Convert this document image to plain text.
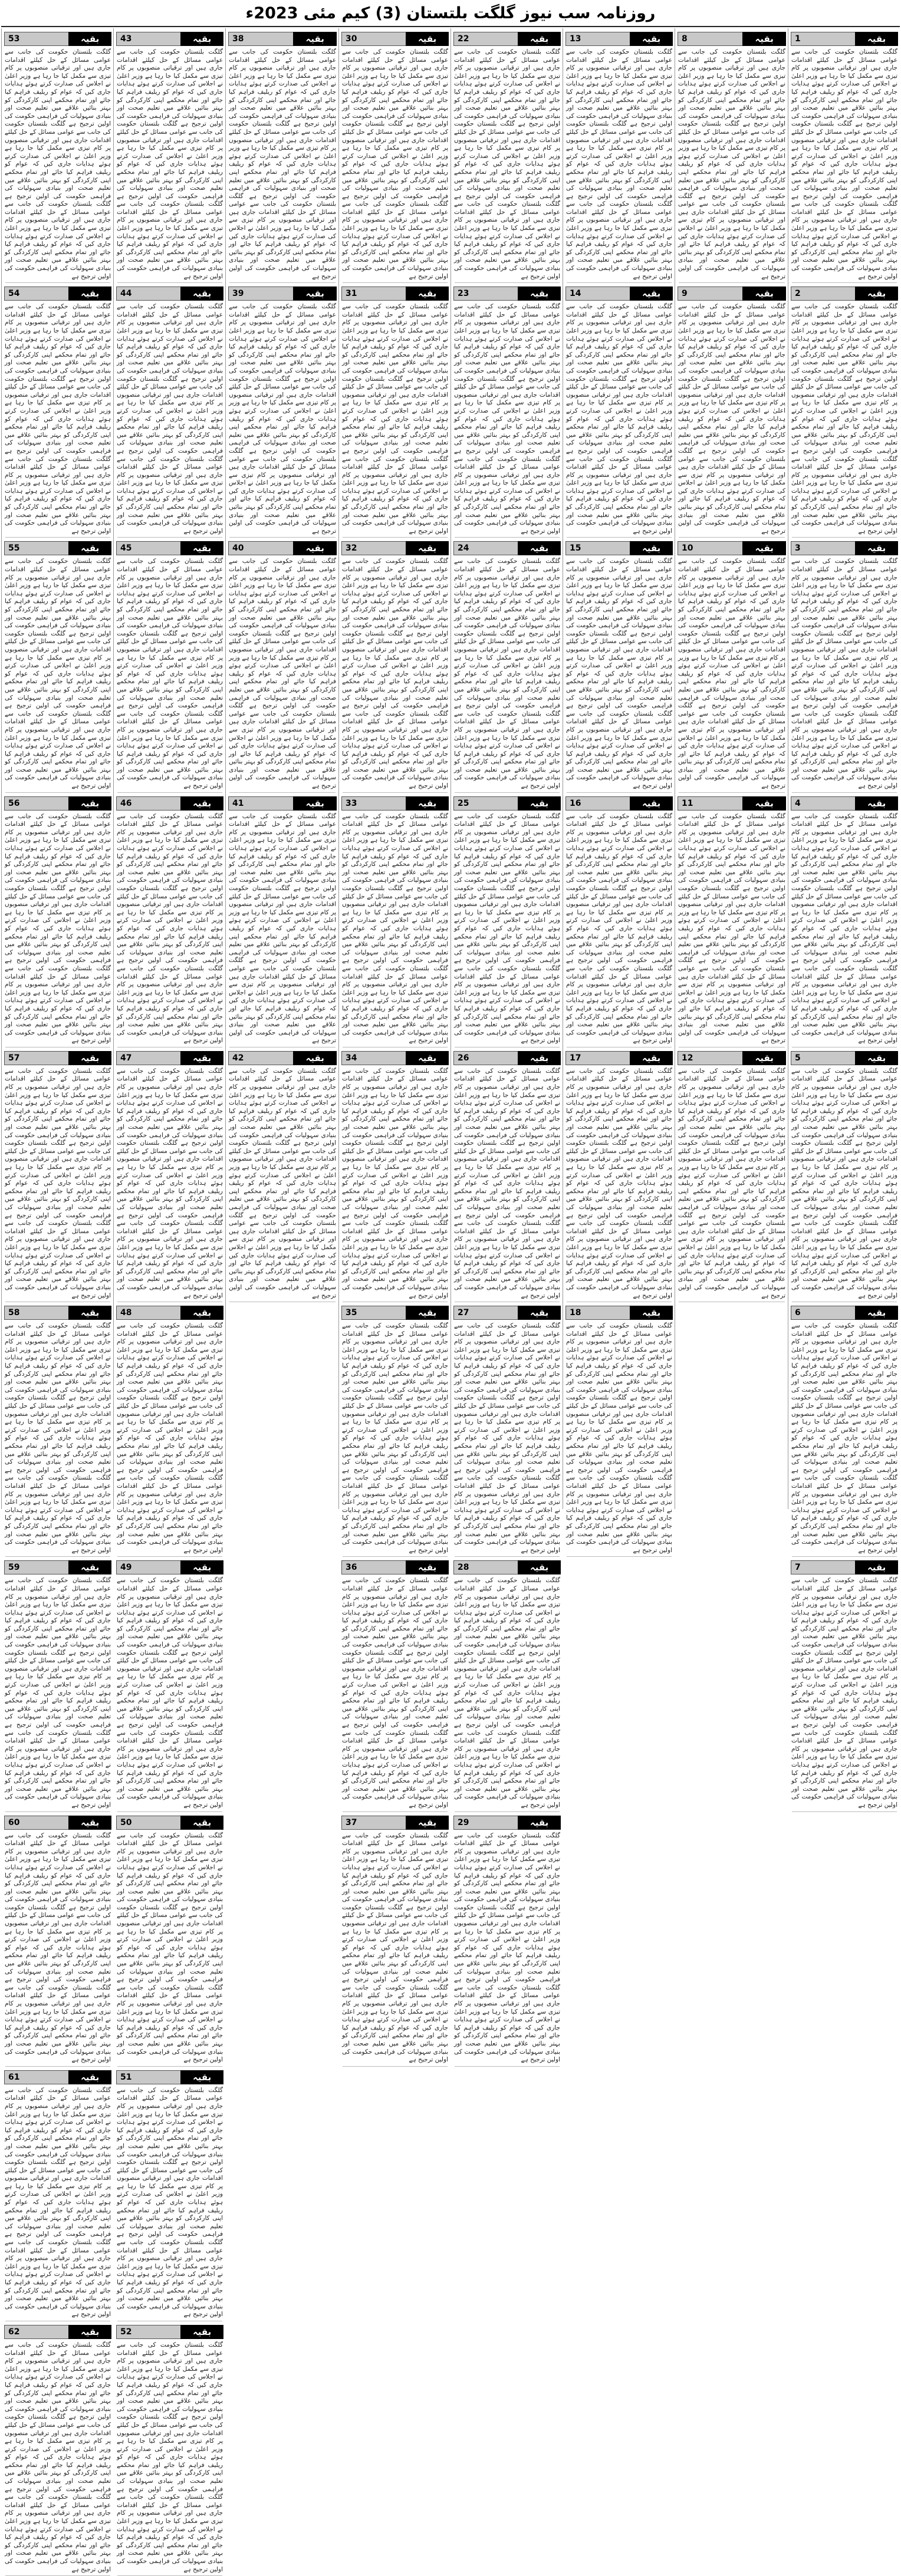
روزنامہ سب نیوز گلگت بلتستان (3) کیم مئی 2023ء
بقیہ
1

گلگت بلتستان حکومت کی جانب سے عوامی مسائل کے حل کیلئے اقدامات جاری ہیں اور ترقیاتی منصوبوں پر کام تیزی سے مکمل کیا جا رہا ہے وزیر اعلیٰ نے اجلاس کی صدارت کرتے ہوئے ہدایات جاری کیں کہ عوام کو ریلیف فراہم کیا جائے اور تمام محکمے اپنی کارکردگی کو بہتر بنائیں علاقے میں تعلیم صحت اور بنیادی سہولیات کی فراہمی حکومت کی اولین ترجیح ہے گلگت بلتستان حکومت کی جانب سے عوامی مسائل کے حل کیلئے اقدامات جاری ہیں اور ترقیاتی منصوبوں پر کام تیزی سے مکمل کیا جا رہا ہے وزیر اعلیٰ نے اجلاس کی صدارت کرتے ہوئے ہدایات جاری کیں کہ عوام کو ریلیف فراہم کیا جائے اور تمام محکمے اپنی کارکردگی کو بہتر بنائیں علاقے میں تعلیم صحت اور بنیادی سہولیات کی فراہمی حکومت کی اولین ترجیح ہے گلگت بلتستان حکومت کی جانب سے عوامی مسائل کے حل کیلئے اقدامات جاری ہیں اور ترقیاتی منصوبوں پر کام تیزی سے مکمل کیا جا رہا ہے وزیر اعلیٰ نے اجلاس کی صدارت کرتے ہوئے ہدایات جاری کیں کہ عوام کو ریلیف فراہم کیا جائے اور تمام محکمے اپنی کارکردگی کو بہتر بنائیں علاقے میں تعلیم صحت اور بنیادی سہولیات کی فراہمی حکومت کی اولین ترجیح ہے

بقیہ
2

گلگت بلتستان حکومت کی جانب سے عوامی مسائل کے حل کیلئے اقدامات جاری ہیں اور ترقیاتی منصوبوں پر کام تیزی سے مکمل کیا جا رہا ہے وزیر اعلیٰ نے اجلاس کی صدارت کرتے ہوئے ہدایات جاری کیں کہ عوام کو ریلیف فراہم کیا جائے اور تمام محکمے اپنی کارکردگی کو بہتر بنائیں علاقے میں تعلیم صحت اور بنیادی سہولیات کی فراہمی حکومت کی اولین ترجیح ہے گلگت بلتستان حکومت کی جانب سے عوامی مسائل کے حل کیلئے اقدامات جاری ہیں اور ترقیاتی منصوبوں پر کام تیزی سے مکمل کیا جا رہا ہے وزیر اعلیٰ نے اجلاس کی صدارت کرتے ہوئے ہدایات جاری کیں کہ عوام کو ریلیف فراہم کیا جائے اور تمام محکمے اپنی کارکردگی کو بہتر بنائیں علاقے میں تعلیم صحت اور بنیادی سہولیات کی فراہمی حکومت کی اولین ترجیح ہے گلگت بلتستان حکومت کی جانب سے عوامی مسائل کے حل کیلئے اقدامات جاری ہیں اور ترقیاتی منصوبوں پر کام تیزی سے مکمل کیا جا رہا ہے وزیر اعلیٰ نے اجلاس کی صدارت کرتے ہوئے ہدایات جاری کیں کہ عوام کو ریلیف فراہم کیا جائے اور تمام محکمے اپنی کارکردگی کو بہتر بنائیں علاقے میں تعلیم صحت اور بنیادی سہولیات کی فراہمی حکومت کی اولین ترجیح ہے

بقیہ
3

گلگت بلتستان حکومت کی جانب سے عوامی مسائل کے حل کیلئے اقدامات جاری ہیں اور ترقیاتی منصوبوں پر کام تیزی سے مکمل کیا جا رہا ہے وزیر اعلیٰ نے اجلاس کی صدارت کرتے ہوئے ہدایات جاری کیں کہ عوام کو ریلیف فراہم کیا جائے اور تمام محکمے اپنی کارکردگی کو بہتر بنائیں علاقے میں تعلیم صحت اور بنیادی سہولیات کی فراہمی حکومت کی اولین ترجیح ہے گلگت بلتستان حکومت کی جانب سے عوامی مسائل کے حل کیلئے اقدامات جاری ہیں اور ترقیاتی منصوبوں پر کام تیزی سے مکمل کیا جا رہا ہے وزیر اعلیٰ نے اجلاس کی صدارت کرتے ہوئے ہدایات جاری کیں کہ عوام کو ریلیف فراہم کیا جائے اور تمام محکمے اپنی کارکردگی کو بہتر بنائیں علاقے میں تعلیم صحت اور بنیادی سہولیات کی فراہمی حکومت کی اولین ترجیح ہے گلگت بلتستان حکومت کی جانب سے عوامی مسائل کے حل کیلئے اقدامات جاری ہیں اور ترقیاتی منصوبوں پر کام تیزی سے مکمل کیا جا رہا ہے وزیر اعلیٰ نے اجلاس کی صدارت کرتے ہوئے ہدایات جاری کیں کہ عوام کو ریلیف فراہم کیا جائے اور تمام محکمے اپنی کارکردگی کو بہتر بنائیں علاقے میں تعلیم صحت اور بنیادی سہولیات کی فراہمی حکومت کی اولین ترجیح ہے

بقیہ
4

گلگت بلتستان حکومت کی جانب سے عوامی مسائل کے حل کیلئے اقدامات جاری ہیں اور ترقیاتی منصوبوں پر کام تیزی سے مکمل کیا جا رہا ہے وزیر اعلیٰ نے اجلاس کی صدارت کرتے ہوئے ہدایات جاری کیں کہ عوام کو ریلیف فراہم کیا جائے اور تمام محکمے اپنی کارکردگی کو بہتر بنائیں علاقے میں تعلیم صحت اور بنیادی سہولیات کی فراہمی حکومت کی اولین ترجیح ہے گلگت بلتستان حکومت کی جانب سے عوامی مسائل کے حل کیلئے اقدامات جاری ہیں اور ترقیاتی منصوبوں پر کام تیزی سے مکمل کیا جا رہا ہے وزیر اعلیٰ نے اجلاس کی صدارت کرتے ہوئے ہدایات جاری کیں کہ عوام کو ریلیف فراہم کیا جائے اور تمام محکمے اپنی کارکردگی کو بہتر بنائیں علاقے میں تعلیم صحت اور بنیادی سہولیات کی فراہمی حکومت کی اولین ترجیح ہے گلگت بلتستان حکومت کی جانب سے عوامی مسائل کے حل کیلئے اقدامات جاری ہیں اور ترقیاتی منصوبوں پر کام تیزی سے مکمل کیا جا رہا ہے وزیر اعلیٰ نے اجلاس کی صدارت کرتے ہوئے ہدایات جاری کیں کہ عوام کو ریلیف فراہم کیا جائے اور تمام محکمے اپنی کارکردگی کو بہتر بنائیں علاقے میں تعلیم صحت اور بنیادی سہولیات کی فراہمی حکومت کی اولین ترجیح ہے

بقیہ
5

گلگت بلتستان حکومت کی جانب سے عوامی مسائل کے حل کیلئے اقدامات جاری ہیں اور ترقیاتی منصوبوں پر کام تیزی سے مکمل کیا جا رہا ہے وزیر اعلیٰ نے اجلاس کی صدارت کرتے ہوئے ہدایات جاری کیں کہ عوام کو ریلیف فراہم کیا جائے اور تمام محکمے اپنی کارکردگی کو بہتر بنائیں علاقے میں تعلیم صحت اور بنیادی سہولیات کی فراہمی حکومت کی اولین ترجیح ہے گلگت بلتستان حکومت کی جانب سے عوامی مسائل کے حل کیلئے اقدامات جاری ہیں اور ترقیاتی منصوبوں پر کام تیزی سے مکمل کیا جا رہا ہے وزیر اعلیٰ نے اجلاس کی صدارت کرتے ہوئے ہدایات جاری کیں کہ عوام کو ریلیف فراہم کیا جائے اور تمام محکمے اپنی کارکردگی کو بہتر بنائیں علاقے میں تعلیم صحت اور بنیادی سہولیات کی فراہمی حکومت کی اولین ترجیح ہے گلگت بلتستان حکومت کی جانب سے عوامی مسائل کے حل کیلئے اقدامات جاری ہیں اور ترقیاتی منصوبوں پر کام تیزی سے مکمل کیا جا رہا ہے وزیر اعلیٰ نے اجلاس کی صدارت کرتے ہوئے ہدایات جاری کیں کہ عوام کو ریلیف فراہم کیا جائے اور تمام محکمے اپنی کارکردگی کو بہتر بنائیں علاقے میں تعلیم صحت اور بنیادی سہولیات کی فراہمی حکومت کی اولین ترجیح ہے

بقیہ
6

گلگت بلتستان حکومت کی جانب سے عوامی مسائل کے حل کیلئے اقدامات جاری ہیں اور ترقیاتی منصوبوں پر کام تیزی سے مکمل کیا جا رہا ہے وزیر اعلیٰ نے اجلاس کی صدارت کرتے ہوئے ہدایات جاری کیں کہ عوام کو ریلیف فراہم کیا جائے اور تمام محکمے اپنی کارکردگی کو بہتر بنائیں علاقے میں تعلیم صحت اور بنیادی سہولیات کی فراہمی حکومت کی اولین ترجیح ہے گلگت بلتستان حکومت کی جانب سے عوامی مسائل کے حل کیلئے اقدامات جاری ہیں اور ترقیاتی منصوبوں پر کام تیزی سے مکمل کیا جا رہا ہے وزیر اعلیٰ نے اجلاس کی صدارت کرتے ہوئے ہدایات جاری کیں کہ عوام کو ریلیف فراہم کیا جائے اور تمام محکمے اپنی کارکردگی کو بہتر بنائیں علاقے میں تعلیم صحت اور بنیادی سہولیات کی فراہمی حکومت کی اولین ترجیح ہے گلگت بلتستان حکومت کی جانب سے عوامی مسائل کے حل کیلئے اقدامات جاری ہیں اور ترقیاتی منصوبوں پر کام تیزی سے مکمل کیا جا رہا ہے وزیر اعلیٰ نے اجلاس کی صدارت کرتے ہوئے ہدایات جاری کیں کہ عوام کو ریلیف فراہم کیا جائے اور تمام محکمے اپنی کارکردگی کو بہتر بنائیں علاقے میں تعلیم صحت اور بنیادی سہولیات کی فراہمی حکومت کی اولین ترجیح ہے

بقیہ
7

گلگت بلتستان حکومت کی جانب سے عوامی مسائل کے حل کیلئے اقدامات جاری ہیں اور ترقیاتی منصوبوں پر کام تیزی سے مکمل کیا جا رہا ہے وزیر اعلیٰ نے اجلاس کی صدارت کرتے ہوئے ہدایات جاری کیں کہ عوام کو ریلیف فراہم کیا جائے اور تمام محکمے اپنی کارکردگی کو بہتر بنائیں علاقے میں تعلیم صحت اور بنیادی سہولیات کی فراہمی حکومت کی اولین ترجیح ہے گلگت بلتستان حکومت کی جانب سے عوامی مسائل کے حل کیلئے اقدامات جاری ہیں اور ترقیاتی منصوبوں پر کام تیزی سے مکمل کیا جا رہا ہے وزیر اعلیٰ نے اجلاس کی صدارت کرتے ہوئے ہدایات جاری کیں کہ عوام کو ریلیف فراہم کیا جائے اور تمام محکمے اپنی کارکردگی کو بہتر بنائیں علاقے میں تعلیم صحت اور بنیادی سہولیات کی فراہمی حکومت کی اولین ترجیح ہے گلگت بلتستان حکومت کی جانب سے عوامی مسائل کے حل کیلئے اقدامات جاری ہیں اور ترقیاتی منصوبوں پر کام تیزی سے مکمل کیا جا رہا ہے وزیر اعلیٰ نے اجلاس کی صدارت کرتے ہوئے ہدایات جاری کیں کہ عوام کو ریلیف فراہم کیا جائے اور تمام محکمے اپنی کارکردگی کو بہتر بنائیں علاقے میں تعلیم صحت اور بنیادی سہولیات کی فراہمی حکومت کی اولین ترجیح ہے

بقیہ
8

گلگت بلتستان حکومت کی جانب سے عوامی مسائل کے حل کیلئے اقدامات جاری ہیں اور ترقیاتی منصوبوں پر کام تیزی سے مکمل کیا جا رہا ہے وزیر اعلیٰ نے اجلاس کی صدارت کرتے ہوئے ہدایات جاری کیں کہ عوام کو ریلیف فراہم کیا جائے اور تمام محکمے اپنی کارکردگی کو بہتر بنائیں علاقے میں تعلیم صحت اور بنیادی سہولیات کی فراہمی حکومت کی اولین ترجیح ہے گلگت بلتستان حکومت کی جانب سے عوامی مسائل کے حل کیلئے اقدامات جاری ہیں اور ترقیاتی منصوبوں پر کام تیزی سے مکمل کیا جا رہا ہے وزیر اعلیٰ نے اجلاس کی صدارت کرتے ہوئے ہدایات جاری کیں کہ عوام کو ریلیف فراہم کیا جائے اور تمام محکمے اپنی کارکردگی کو بہتر بنائیں علاقے میں تعلیم صحت اور بنیادی سہولیات کی فراہمی حکومت کی اولین ترجیح ہے گلگت بلتستان حکومت کی جانب سے عوامی مسائل کے حل کیلئے اقدامات جاری ہیں اور ترقیاتی منصوبوں پر کام تیزی سے مکمل کیا جا رہا ہے وزیر اعلیٰ نے اجلاس کی صدارت کرتے ہوئے ہدایات جاری کیں کہ عوام کو ریلیف فراہم کیا جائے اور تمام محکمے اپنی کارکردگی کو بہتر بنائیں علاقے میں تعلیم صحت اور بنیادی سہولیات کی فراہمی حکومت کی اولین ترجیح ہے

بقیہ
9

گلگت بلتستان حکومت کی جانب سے عوامی مسائل کے حل کیلئے اقدامات جاری ہیں اور ترقیاتی منصوبوں پر کام تیزی سے مکمل کیا جا رہا ہے وزیر اعلیٰ نے اجلاس کی صدارت کرتے ہوئے ہدایات جاری کیں کہ عوام کو ریلیف فراہم کیا جائے اور تمام محکمے اپنی کارکردگی کو بہتر بنائیں علاقے میں تعلیم صحت اور بنیادی سہولیات کی فراہمی حکومت کی اولین ترجیح ہے گلگت بلتستان حکومت کی جانب سے عوامی مسائل کے حل کیلئے اقدامات جاری ہیں اور ترقیاتی منصوبوں پر کام تیزی سے مکمل کیا جا رہا ہے وزیر اعلیٰ نے اجلاس کی صدارت کرتے ہوئے ہدایات جاری کیں کہ عوام کو ریلیف فراہم کیا جائے اور تمام محکمے اپنی کارکردگی کو بہتر بنائیں علاقے میں تعلیم صحت اور بنیادی سہولیات کی فراہمی حکومت کی اولین ترجیح ہے گلگت بلتستان حکومت کی جانب سے عوامی مسائل کے حل کیلئے اقدامات جاری ہیں اور ترقیاتی منصوبوں پر کام تیزی سے مکمل کیا جا رہا ہے وزیر اعلیٰ نے اجلاس کی صدارت کرتے ہوئے ہدایات جاری کیں کہ عوام کو ریلیف فراہم کیا جائے اور تمام محکمے اپنی کارکردگی کو بہتر بنائیں علاقے میں تعلیم صحت اور بنیادی سہولیات کی فراہمی حکومت کی اولین ترجیح ہے

بقیہ
10

گلگت بلتستان حکومت کی جانب سے عوامی مسائل کے حل کیلئے اقدامات جاری ہیں اور ترقیاتی منصوبوں پر کام تیزی سے مکمل کیا جا رہا ہے وزیر اعلیٰ نے اجلاس کی صدارت کرتے ہوئے ہدایات جاری کیں کہ عوام کو ریلیف فراہم کیا جائے اور تمام محکمے اپنی کارکردگی کو بہتر بنائیں علاقے میں تعلیم صحت اور بنیادی سہولیات کی فراہمی حکومت کی اولین ترجیح ہے گلگت بلتستان حکومت کی جانب سے عوامی مسائل کے حل کیلئے اقدامات جاری ہیں اور ترقیاتی منصوبوں پر کام تیزی سے مکمل کیا جا رہا ہے وزیر اعلیٰ نے اجلاس کی صدارت کرتے ہوئے ہدایات جاری کیں کہ عوام کو ریلیف فراہم کیا جائے اور تمام محکمے اپنی کارکردگی کو بہتر بنائیں علاقے میں تعلیم صحت اور بنیادی سہولیات کی فراہمی حکومت کی اولین ترجیح ہے گلگت بلتستان حکومت کی جانب سے عوامی مسائل کے حل کیلئے اقدامات جاری ہیں اور ترقیاتی منصوبوں پر کام تیزی سے مکمل کیا جا رہا ہے وزیر اعلیٰ نے اجلاس کی صدارت کرتے ہوئے ہدایات جاری کیں کہ عوام کو ریلیف فراہم کیا جائے اور تمام محکمے اپنی کارکردگی کو بہتر بنائیں علاقے میں تعلیم صحت اور بنیادی سہولیات کی فراہمی حکومت کی اولین ترجیح ہے

بقیہ
11

گلگت بلتستان حکومت کی جانب سے عوامی مسائل کے حل کیلئے اقدامات جاری ہیں اور ترقیاتی منصوبوں پر کام تیزی سے مکمل کیا جا رہا ہے وزیر اعلیٰ نے اجلاس کی صدارت کرتے ہوئے ہدایات جاری کیں کہ عوام کو ریلیف فراہم کیا جائے اور تمام محکمے اپنی کارکردگی کو بہتر بنائیں علاقے میں تعلیم صحت اور بنیادی سہولیات کی فراہمی حکومت کی اولین ترجیح ہے گلگت بلتستان حکومت کی جانب سے عوامی مسائل کے حل کیلئے اقدامات جاری ہیں اور ترقیاتی منصوبوں پر کام تیزی سے مکمل کیا جا رہا ہے وزیر اعلیٰ نے اجلاس کی صدارت کرتے ہوئے ہدایات جاری کیں کہ عوام کو ریلیف فراہم کیا جائے اور تمام محکمے اپنی کارکردگی کو بہتر بنائیں علاقے میں تعلیم صحت اور بنیادی سہولیات کی فراہمی حکومت کی اولین ترجیح ہے گلگت بلتستان حکومت کی جانب سے عوامی مسائل کے حل کیلئے اقدامات جاری ہیں اور ترقیاتی منصوبوں پر کام تیزی سے مکمل کیا جا رہا ہے وزیر اعلیٰ نے اجلاس کی صدارت کرتے ہوئے ہدایات جاری کیں کہ عوام کو ریلیف فراہم کیا جائے اور تمام محکمے اپنی کارکردگی کو بہتر بنائیں علاقے میں تعلیم صحت اور بنیادی سہولیات کی فراہمی حکومت کی اولین ترجیح ہے

بقیہ
12

گلگت بلتستان حکومت کی جانب سے عوامی مسائل کے حل کیلئے اقدامات جاری ہیں اور ترقیاتی منصوبوں پر کام تیزی سے مکمل کیا جا رہا ہے وزیر اعلیٰ نے اجلاس کی صدارت کرتے ہوئے ہدایات جاری کیں کہ عوام کو ریلیف فراہم کیا جائے اور تمام محکمے اپنی کارکردگی کو بہتر بنائیں علاقے میں تعلیم صحت اور بنیادی سہولیات کی فراہمی حکومت کی اولین ترجیح ہے گلگت بلتستان حکومت کی جانب سے عوامی مسائل کے حل کیلئے اقدامات جاری ہیں اور ترقیاتی منصوبوں پر کام تیزی سے مکمل کیا جا رہا ہے وزیر اعلیٰ نے اجلاس کی صدارت کرتے ہوئے ہدایات جاری کیں کہ عوام کو ریلیف فراہم کیا جائے اور تمام محکمے اپنی کارکردگی کو بہتر بنائیں علاقے میں تعلیم صحت اور بنیادی سہولیات کی فراہمی حکومت کی اولین ترجیح ہے گلگت بلتستان حکومت کی جانب سے عوامی مسائل کے حل کیلئے اقدامات جاری ہیں اور ترقیاتی منصوبوں پر کام تیزی سے مکمل کیا جا رہا ہے وزیر اعلیٰ نے اجلاس کی صدارت کرتے ہوئے ہدایات جاری کیں کہ عوام کو ریلیف فراہم کیا جائے اور تمام محکمے اپنی کارکردگی کو بہتر بنائیں علاقے میں تعلیم صحت اور بنیادی سہولیات کی فراہمی حکومت کی اولین ترجیح ہے

بقیہ
13

گلگت بلتستان حکومت کی جانب سے عوامی مسائل کے حل کیلئے اقدامات جاری ہیں اور ترقیاتی منصوبوں پر کام تیزی سے مکمل کیا جا رہا ہے وزیر اعلیٰ نے اجلاس کی صدارت کرتے ہوئے ہدایات جاری کیں کہ عوام کو ریلیف فراہم کیا جائے اور تمام محکمے اپنی کارکردگی کو بہتر بنائیں علاقے میں تعلیم صحت اور بنیادی سہولیات کی فراہمی حکومت کی اولین ترجیح ہے گلگت بلتستان حکومت کی جانب سے عوامی مسائل کے حل کیلئے اقدامات جاری ہیں اور ترقیاتی منصوبوں پر کام تیزی سے مکمل کیا جا رہا ہے وزیر اعلیٰ نے اجلاس کی صدارت کرتے ہوئے ہدایات جاری کیں کہ عوام کو ریلیف فراہم کیا جائے اور تمام محکمے اپنی کارکردگی کو بہتر بنائیں علاقے میں تعلیم صحت اور بنیادی سہولیات کی فراہمی حکومت کی اولین ترجیح ہے گلگت بلتستان حکومت کی جانب سے عوامی مسائل کے حل کیلئے اقدامات جاری ہیں اور ترقیاتی منصوبوں پر کام تیزی سے مکمل کیا جا رہا ہے وزیر اعلیٰ نے اجلاس کی صدارت کرتے ہوئے ہدایات جاری کیں کہ عوام کو ریلیف فراہم کیا جائے اور تمام محکمے اپنی کارکردگی کو بہتر بنائیں علاقے میں تعلیم صحت اور بنیادی سہولیات کی فراہمی حکومت کی اولین ترجیح ہے

بقیہ
14

گلگت بلتستان حکومت کی جانب سے عوامی مسائل کے حل کیلئے اقدامات جاری ہیں اور ترقیاتی منصوبوں پر کام تیزی سے مکمل کیا جا رہا ہے وزیر اعلیٰ نے اجلاس کی صدارت کرتے ہوئے ہدایات جاری کیں کہ عوام کو ریلیف فراہم کیا جائے اور تمام محکمے اپنی کارکردگی کو بہتر بنائیں علاقے میں تعلیم صحت اور بنیادی سہولیات کی فراہمی حکومت کی اولین ترجیح ہے گلگت بلتستان حکومت کی جانب سے عوامی مسائل کے حل کیلئے اقدامات جاری ہیں اور ترقیاتی منصوبوں پر کام تیزی سے مکمل کیا جا رہا ہے وزیر اعلیٰ نے اجلاس کی صدارت کرتے ہوئے ہدایات جاری کیں کہ عوام کو ریلیف فراہم کیا جائے اور تمام محکمے اپنی کارکردگی کو بہتر بنائیں علاقے میں تعلیم صحت اور بنیادی سہولیات کی فراہمی حکومت کی اولین ترجیح ہے گلگت بلتستان حکومت کی جانب سے عوامی مسائل کے حل کیلئے اقدامات جاری ہیں اور ترقیاتی منصوبوں پر کام تیزی سے مکمل کیا جا رہا ہے وزیر اعلیٰ نے اجلاس کی صدارت کرتے ہوئے ہدایات جاری کیں کہ عوام کو ریلیف فراہم کیا جائے اور تمام محکمے اپنی کارکردگی کو بہتر بنائیں علاقے میں تعلیم صحت اور بنیادی سہولیات کی فراہمی حکومت کی اولین ترجیح ہے

بقیہ
15

گلگت بلتستان حکومت کی جانب سے عوامی مسائل کے حل کیلئے اقدامات جاری ہیں اور ترقیاتی منصوبوں پر کام تیزی سے مکمل کیا جا رہا ہے وزیر اعلیٰ نے اجلاس کی صدارت کرتے ہوئے ہدایات جاری کیں کہ عوام کو ریلیف فراہم کیا جائے اور تمام محکمے اپنی کارکردگی کو بہتر بنائیں علاقے میں تعلیم صحت اور بنیادی سہولیات کی فراہمی حکومت کی اولین ترجیح ہے گلگت بلتستان حکومت کی جانب سے عوامی مسائل کے حل کیلئے اقدامات جاری ہیں اور ترقیاتی منصوبوں پر کام تیزی سے مکمل کیا جا رہا ہے وزیر اعلیٰ نے اجلاس کی صدارت کرتے ہوئے ہدایات جاری کیں کہ عوام کو ریلیف فراہم کیا جائے اور تمام محکمے اپنی کارکردگی کو بہتر بنائیں علاقے میں تعلیم صحت اور بنیادی سہولیات کی فراہمی حکومت کی اولین ترجیح ہے گلگت بلتستان حکومت کی جانب سے عوامی مسائل کے حل کیلئے اقدامات جاری ہیں اور ترقیاتی منصوبوں پر کام تیزی سے مکمل کیا جا رہا ہے وزیر اعلیٰ نے اجلاس کی صدارت کرتے ہوئے ہدایات جاری کیں کہ عوام کو ریلیف فراہم کیا جائے اور تمام محکمے اپنی کارکردگی کو بہتر بنائیں علاقے میں تعلیم صحت اور بنیادی سہولیات کی فراہمی حکومت کی اولین ترجیح ہے

بقیہ
16

گلگت بلتستان حکومت کی جانب سے عوامی مسائل کے حل کیلئے اقدامات جاری ہیں اور ترقیاتی منصوبوں پر کام تیزی سے مکمل کیا جا رہا ہے وزیر اعلیٰ نے اجلاس کی صدارت کرتے ہوئے ہدایات جاری کیں کہ عوام کو ریلیف فراہم کیا جائے اور تمام محکمے اپنی کارکردگی کو بہتر بنائیں علاقے میں تعلیم صحت اور بنیادی سہولیات کی فراہمی حکومت کی اولین ترجیح ہے گلگت بلتستان حکومت کی جانب سے عوامی مسائل کے حل کیلئے اقدامات جاری ہیں اور ترقیاتی منصوبوں پر کام تیزی سے مکمل کیا جا رہا ہے وزیر اعلیٰ نے اجلاس کی صدارت کرتے ہوئے ہدایات جاری کیں کہ عوام کو ریلیف فراہم کیا جائے اور تمام محکمے اپنی کارکردگی کو بہتر بنائیں علاقے میں تعلیم صحت اور بنیادی سہولیات کی فراہمی حکومت کی اولین ترجیح ہے گلگت بلتستان حکومت کی جانب سے عوامی مسائل کے حل کیلئے اقدامات جاری ہیں اور ترقیاتی منصوبوں پر کام تیزی سے مکمل کیا جا رہا ہے وزیر اعلیٰ نے اجلاس کی صدارت کرتے ہوئے ہدایات جاری کیں کہ عوام کو ریلیف فراہم کیا جائے اور تمام محکمے اپنی کارکردگی کو بہتر بنائیں علاقے میں تعلیم صحت اور بنیادی سہولیات کی فراہمی حکومت کی اولین ترجیح ہے

بقیہ
17

گلگت بلتستان حکومت کی جانب سے عوامی مسائل کے حل کیلئے اقدامات جاری ہیں اور ترقیاتی منصوبوں پر کام تیزی سے مکمل کیا جا رہا ہے وزیر اعلیٰ نے اجلاس کی صدارت کرتے ہوئے ہدایات جاری کیں کہ عوام کو ریلیف فراہم کیا جائے اور تمام محکمے اپنی کارکردگی کو بہتر بنائیں علاقے میں تعلیم صحت اور بنیادی سہولیات کی فراہمی حکومت کی اولین ترجیح ہے گلگت بلتستان حکومت کی جانب سے عوامی مسائل کے حل کیلئے اقدامات جاری ہیں اور ترقیاتی منصوبوں پر کام تیزی سے مکمل کیا جا رہا ہے وزیر اعلیٰ نے اجلاس کی صدارت کرتے ہوئے ہدایات جاری کیں کہ عوام کو ریلیف فراہم کیا جائے اور تمام محکمے اپنی کارکردگی کو بہتر بنائیں علاقے میں تعلیم صحت اور بنیادی سہولیات کی فراہمی حکومت کی اولین ترجیح ہے گلگت بلتستان حکومت کی جانب سے عوامی مسائل کے حل کیلئے اقدامات جاری ہیں اور ترقیاتی منصوبوں پر کام تیزی سے مکمل کیا جا رہا ہے وزیر اعلیٰ نے اجلاس کی صدارت کرتے ہوئے ہدایات جاری کیں کہ عوام کو ریلیف فراہم کیا جائے اور تمام محکمے اپنی کارکردگی کو بہتر بنائیں علاقے میں تعلیم صحت اور بنیادی سہولیات کی فراہمی حکومت کی اولین ترجیح ہے

بقیہ
18

گلگت بلتستان حکومت کی جانب سے عوامی مسائل کے حل کیلئے اقدامات جاری ہیں اور ترقیاتی منصوبوں پر کام تیزی سے مکمل کیا جا رہا ہے وزیر اعلیٰ نے اجلاس کی صدارت کرتے ہوئے ہدایات جاری کیں کہ عوام کو ریلیف فراہم کیا جائے اور تمام محکمے اپنی کارکردگی کو بہتر بنائیں علاقے میں تعلیم صحت اور بنیادی سہولیات کی فراہمی حکومت کی اولین ترجیح ہے گلگت بلتستان حکومت کی جانب سے عوامی مسائل کے حل کیلئے اقدامات جاری ہیں اور ترقیاتی منصوبوں پر کام تیزی سے مکمل کیا جا رہا ہے وزیر اعلیٰ نے اجلاس کی صدارت کرتے ہوئے ہدایات جاری کیں کہ عوام کو ریلیف فراہم کیا جائے اور تمام محکمے اپنی کارکردگی کو بہتر بنائیں علاقے میں تعلیم صحت اور بنیادی سہولیات کی فراہمی حکومت کی اولین ترجیح ہے گلگت بلتستان حکومت کی جانب سے عوامی مسائل کے حل کیلئے اقدامات جاری ہیں اور ترقیاتی منصوبوں پر کام تیزی سے مکمل کیا جا رہا ہے وزیر اعلیٰ نے اجلاس کی صدارت کرتے ہوئے ہدایات جاری کیں کہ عوام کو ریلیف فراہم کیا جائے اور تمام محکمے اپنی کارکردگی کو بہتر بنائیں علاقے میں تعلیم صحت اور بنیادی سہولیات کی فراہمی حکومت کی اولین ترجیح ہے

بقیہ
22

گلگت بلتستان حکومت کی جانب سے عوامی مسائل کے حل کیلئے اقدامات جاری ہیں اور ترقیاتی منصوبوں پر کام تیزی سے مکمل کیا جا رہا ہے وزیر اعلیٰ نے اجلاس کی صدارت کرتے ہوئے ہدایات جاری کیں کہ عوام کو ریلیف فراہم کیا جائے اور تمام محکمے اپنی کارکردگی کو بہتر بنائیں علاقے میں تعلیم صحت اور بنیادی سہولیات کی فراہمی حکومت کی اولین ترجیح ہے گلگت بلتستان حکومت کی جانب سے عوامی مسائل کے حل کیلئے اقدامات جاری ہیں اور ترقیاتی منصوبوں پر کام تیزی سے مکمل کیا جا رہا ہے وزیر اعلیٰ نے اجلاس کی صدارت کرتے ہوئے ہدایات جاری کیں کہ عوام کو ریلیف فراہم کیا جائے اور تمام محکمے اپنی کارکردگی کو بہتر بنائیں علاقے میں تعلیم صحت اور بنیادی سہولیات کی فراہمی حکومت کی اولین ترجیح ہے گلگت بلتستان حکومت کی جانب سے عوامی مسائل کے حل کیلئے اقدامات جاری ہیں اور ترقیاتی منصوبوں پر کام تیزی سے مکمل کیا جا رہا ہے وزیر اعلیٰ نے اجلاس کی صدارت کرتے ہوئے ہدایات جاری کیں کہ عوام کو ریلیف فراہم کیا جائے اور تمام محکمے اپنی کارکردگی کو بہتر بنائیں علاقے میں تعلیم صحت اور بنیادی سہولیات کی فراہمی حکومت کی اولین ترجیح ہے

بقیہ
23

گلگت بلتستان حکومت کی جانب سے عوامی مسائل کے حل کیلئے اقدامات جاری ہیں اور ترقیاتی منصوبوں پر کام تیزی سے مکمل کیا جا رہا ہے وزیر اعلیٰ نے اجلاس کی صدارت کرتے ہوئے ہدایات جاری کیں کہ عوام کو ریلیف فراہم کیا جائے اور تمام محکمے اپنی کارکردگی کو بہتر بنائیں علاقے میں تعلیم صحت اور بنیادی سہولیات کی فراہمی حکومت کی اولین ترجیح ہے گلگت بلتستان حکومت کی جانب سے عوامی مسائل کے حل کیلئے اقدامات جاری ہیں اور ترقیاتی منصوبوں پر کام تیزی سے مکمل کیا جا رہا ہے وزیر اعلیٰ نے اجلاس کی صدارت کرتے ہوئے ہدایات جاری کیں کہ عوام کو ریلیف فراہم کیا جائے اور تمام محکمے اپنی کارکردگی کو بہتر بنائیں علاقے میں تعلیم صحت اور بنیادی سہولیات کی فراہمی حکومت کی اولین ترجیح ہے گلگت بلتستان حکومت کی جانب سے عوامی مسائل کے حل کیلئے اقدامات جاری ہیں اور ترقیاتی منصوبوں پر کام تیزی سے مکمل کیا جا رہا ہے وزیر اعلیٰ نے اجلاس کی صدارت کرتے ہوئے ہدایات جاری کیں کہ عوام کو ریلیف فراہم کیا جائے اور تمام محکمے اپنی کارکردگی کو بہتر بنائیں علاقے میں تعلیم صحت اور بنیادی سہولیات کی فراہمی حکومت کی اولین ترجیح ہے

بقیہ
24

گلگت بلتستان حکومت کی جانب سے عوامی مسائل کے حل کیلئے اقدامات جاری ہیں اور ترقیاتی منصوبوں پر کام تیزی سے مکمل کیا جا رہا ہے وزیر اعلیٰ نے اجلاس کی صدارت کرتے ہوئے ہدایات جاری کیں کہ عوام کو ریلیف فراہم کیا جائے اور تمام محکمے اپنی کارکردگی کو بہتر بنائیں علاقے میں تعلیم صحت اور بنیادی سہولیات کی فراہمی حکومت کی اولین ترجیح ہے گلگت بلتستان حکومت کی جانب سے عوامی مسائل کے حل کیلئے اقدامات جاری ہیں اور ترقیاتی منصوبوں پر کام تیزی سے مکمل کیا جا رہا ہے وزیر اعلیٰ نے اجلاس کی صدارت کرتے ہوئے ہدایات جاری کیں کہ عوام کو ریلیف فراہم کیا جائے اور تمام محکمے اپنی کارکردگی کو بہتر بنائیں علاقے میں تعلیم صحت اور بنیادی سہولیات کی فراہمی حکومت کی اولین ترجیح ہے گلگت بلتستان حکومت کی جانب سے عوامی مسائل کے حل کیلئے اقدامات جاری ہیں اور ترقیاتی منصوبوں پر کام تیزی سے مکمل کیا جا رہا ہے وزیر اعلیٰ نے اجلاس کی صدارت کرتے ہوئے ہدایات جاری کیں کہ عوام کو ریلیف فراہم کیا جائے اور تمام محکمے اپنی کارکردگی کو بہتر بنائیں علاقے میں تعلیم صحت اور بنیادی سہولیات کی فراہمی حکومت کی اولین ترجیح ہے

بقیہ
25

گلگت بلتستان حکومت کی جانب سے عوامی مسائل کے حل کیلئے اقدامات جاری ہیں اور ترقیاتی منصوبوں پر کام تیزی سے مکمل کیا جا رہا ہے وزیر اعلیٰ نے اجلاس کی صدارت کرتے ہوئے ہدایات جاری کیں کہ عوام کو ریلیف فراہم کیا جائے اور تمام محکمے اپنی کارکردگی کو بہتر بنائیں علاقے میں تعلیم صحت اور بنیادی سہولیات کی فراہمی حکومت کی اولین ترجیح ہے گلگت بلتستان حکومت کی جانب سے عوامی مسائل کے حل کیلئے اقدامات جاری ہیں اور ترقیاتی منصوبوں پر کام تیزی سے مکمل کیا جا رہا ہے وزیر اعلیٰ نے اجلاس کی صدارت کرتے ہوئے ہدایات جاری کیں کہ عوام کو ریلیف فراہم کیا جائے اور تمام محکمے اپنی کارکردگی کو بہتر بنائیں علاقے میں تعلیم صحت اور بنیادی سہولیات کی فراہمی حکومت کی اولین ترجیح ہے گلگت بلتستان حکومت کی جانب سے عوامی مسائل کے حل کیلئے اقدامات جاری ہیں اور ترقیاتی منصوبوں پر کام تیزی سے مکمل کیا جا رہا ہے وزیر اعلیٰ نے اجلاس کی صدارت کرتے ہوئے ہدایات جاری کیں کہ عوام کو ریلیف فراہم کیا جائے اور تمام محکمے اپنی کارکردگی کو بہتر بنائیں علاقے میں تعلیم صحت اور بنیادی سہولیات کی فراہمی حکومت کی اولین ترجیح ہے

بقیہ
26

گلگت بلتستان حکومت کی جانب سے عوامی مسائل کے حل کیلئے اقدامات جاری ہیں اور ترقیاتی منصوبوں پر کام تیزی سے مکمل کیا جا رہا ہے وزیر اعلیٰ نے اجلاس کی صدارت کرتے ہوئے ہدایات جاری کیں کہ عوام کو ریلیف فراہم کیا جائے اور تمام محکمے اپنی کارکردگی کو بہتر بنائیں علاقے میں تعلیم صحت اور بنیادی سہولیات کی فراہمی حکومت کی اولین ترجیح ہے گلگت بلتستان حکومت کی جانب سے عوامی مسائل کے حل کیلئے اقدامات جاری ہیں اور ترقیاتی منصوبوں پر کام تیزی سے مکمل کیا جا رہا ہے وزیر اعلیٰ نے اجلاس کی صدارت کرتے ہوئے ہدایات جاری کیں کہ عوام کو ریلیف فراہم کیا جائے اور تمام محکمے اپنی کارکردگی کو بہتر بنائیں علاقے میں تعلیم صحت اور بنیادی سہولیات کی فراہمی حکومت کی اولین ترجیح ہے گلگت بلتستان حکومت کی جانب سے عوامی مسائل کے حل کیلئے اقدامات جاری ہیں اور ترقیاتی منصوبوں پر کام تیزی سے مکمل کیا جا رہا ہے وزیر اعلیٰ نے اجلاس کی صدارت کرتے ہوئے ہدایات جاری کیں کہ عوام کو ریلیف فراہم کیا جائے اور تمام محکمے اپنی کارکردگی کو بہتر بنائیں علاقے میں تعلیم صحت اور بنیادی سہولیات کی فراہمی حکومت کی اولین ترجیح ہے

بقیہ
27

گلگت بلتستان حکومت کی جانب سے عوامی مسائل کے حل کیلئے اقدامات جاری ہیں اور ترقیاتی منصوبوں پر کام تیزی سے مکمل کیا جا رہا ہے وزیر اعلیٰ نے اجلاس کی صدارت کرتے ہوئے ہدایات جاری کیں کہ عوام کو ریلیف فراہم کیا جائے اور تمام محکمے اپنی کارکردگی کو بہتر بنائیں علاقے میں تعلیم صحت اور بنیادی سہولیات کی فراہمی حکومت کی اولین ترجیح ہے گلگت بلتستان حکومت کی جانب سے عوامی مسائل کے حل کیلئے اقدامات جاری ہیں اور ترقیاتی منصوبوں پر کام تیزی سے مکمل کیا جا رہا ہے وزیر اعلیٰ نے اجلاس کی صدارت کرتے ہوئے ہدایات جاری کیں کہ عوام کو ریلیف فراہم کیا جائے اور تمام محکمے اپنی کارکردگی کو بہتر بنائیں علاقے میں تعلیم صحت اور بنیادی سہولیات کی فراہمی حکومت کی اولین ترجیح ہے گلگت بلتستان حکومت کی جانب سے عوامی مسائل کے حل کیلئے اقدامات جاری ہیں اور ترقیاتی منصوبوں پر کام تیزی سے مکمل کیا جا رہا ہے وزیر اعلیٰ نے اجلاس کی صدارت کرتے ہوئے ہدایات جاری کیں کہ عوام کو ریلیف فراہم کیا جائے اور تمام محکمے اپنی کارکردگی کو بہتر بنائیں علاقے میں تعلیم صحت اور بنیادی سہولیات کی فراہمی حکومت کی اولین ترجیح ہے

بقیہ
28

گلگت بلتستان حکومت کی جانب سے عوامی مسائل کے حل کیلئے اقدامات جاری ہیں اور ترقیاتی منصوبوں پر کام تیزی سے مکمل کیا جا رہا ہے وزیر اعلیٰ نے اجلاس کی صدارت کرتے ہوئے ہدایات جاری کیں کہ عوام کو ریلیف فراہم کیا جائے اور تمام محکمے اپنی کارکردگی کو بہتر بنائیں علاقے میں تعلیم صحت اور بنیادی سہولیات کی فراہمی حکومت کی اولین ترجیح ہے گلگت بلتستان حکومت کی جانب سے عوامی مسائل کے حل کیلئے اقدامات جاری ہیں اور ترقیاتی منصوبوں پر کام تیزی سے مکمل کیا جا رہا ہے وزیر اعلیٰ نے اجلاس کی صدارت کرتے ہوئے ہدایات جاری کیں کہ عوام کو ریلیف فراہم کیا جائے اور تمام محکمے اپنی کارکردگی کو بہتر بنائیں علاقے میں تعلیم صحت اور بنیادی سہولیات کی فراہمی حکومت کی اولین ترجیح ہے گلگت بلتستان حکومت کی جانب سے عوامی مسائل کے حل کیلئے اقدامات جاری ہیں اور ترقیاتی منصوبوں پر کام تیزی سے مکمل کیا جا رہا ہے وزیر اعلیٰ نے اجلاس کی صدارت کرتے ہوئے ہدایات جاری کیں کہ عوام کو ریلیف فراہم کیا جائے اور تمام محکمے اپنی کارکردگی کو بہتر بنائیں علاقے میں تعلیم صحت اور بنیادی سہولیات کی فراہمی حکومت کی اولین ترجیح ہے

بقیہ
29

گلگت بلتستان حکومت کی جانب سے عوامی مسائل کے حل کیلئے اقدامات جاری ہیں اور ترقیاتی منصوبوں پر کام تیزی سے مکمل کیا جا رہا ہے وزیر اعلیٰ نے اجلاس کی صدارت کرتے ہوئے ہدایات جاری کیں کہ عوام کو ریلیف فراہم کیا جائے اور تمام محکمے اپنی کارکردگی کو بہتر بنائیں علاقے میں تعلیم صحت اور بنیادی سہولیات کی فراہمی حکومت کی اولین ترجیح ہے گلگت بلتستان حکومت کی جانب سے عوامی مسائل کے حل کیلئے اقدامات جاری ہیں اور ترقیاتی منصوبوں پر کام تیزی سے مکمل کیا جا رہا ہے وزیر اعلیٰ نے اجلاس کی صدارت کرتے ہوئے ہدایات جاری کیں کہ عوام کو ریلیف فراہم کیا جائے اور تمام محکمے اپنی کارکردگی کو بہتر بنائیں علاقے میں تعلیم صحت اور بنیادی سہولیات کی فراہمی حکومت کی اولین ترجیح ہے گلگت بلتستان حکومت کی جانب سے عوامی مسائل کے حل کیلئے اقدامات جاری ہیں اور ترقیاتی منصوبوں پر کام تیزی سے مکمل کیا جا رہا ہے وزیر اعلیٰ نے اجلاس کی صدارت کرتے ہوئے ہدایات جاری کیں کہ عوام کو ریلیف فراہم کیا جائے اور تمام محکمے اپنی کارکردگی کو بہتر بنائیں علاقے میں تعلیم صحت اور بنیادی سہولیات کی فراہمی حکومت کی اولین ترجیح ہے

بقیہ
30

گلگت بلتستان حکومت کی جانب سے عوامی مسائل کے حل کیلئے اقدامات جاری ہیں اور ترقیاتی منصوبوں پر کام تیزی سے مکمل کیا جا رہا ہے وزیر اعلیٰ نے اجلاس کی صدارت کرتے ہوئے ہدایات جاری کیں کہ عوام کو ریلیف فراہم کیا جائے اور تمام محکمے اپنی کارکردگی کو بہتر بنائیں علاقے میں تعلیم صحت اور بنیادی سہولیات کی فراہمی حکومت کی اولین ترجیح ہے گلگت بلتستان حکومت کی جانب سے عوامی مسائل کے حل کیلئے اقدامات جاری ہیں اور ترقیاتی منصوبوں پر کام تیزی سے مکمل کیا جا رہا ہے وزیر اعلیٰ نے اجلاس کی صدارت کرتے ہوئے ہدایات جاری کیں کہ عوام کو ریلیف فراہم کیا جائے اور تمام محکمے اپنی کارکردگی کو بہتر بنائیں علاقے میں تعلیم صحت اور بنیادی سہولیات کی فراہمی حکومت کی اولین ترجیح ہے گلگت بلتستان حکومت کی جانب سے عوامی مسائل کے حل کیلئے اقدامات جاری ہیں اور ترقیاتی منصوبوں پر کام تیزی سے مکمل کیا جا رہا ہے وزیر اعلیٰ نے اجلاس کی صدارت کرتے ہوئے ہدایات جاری کیں کہ عوام کو ریلیف فراہم کیا جائے اور تمام محکمے اپنی کارکردگی کو بہتر بنائیں علاقے میں تعلیم صحت اور بنیادی سہولیات کی فراہمی حکومت کی اولین ترجیح ہے

بقیہ
31

گلگت بلتستان حکومت کی جانب سے عوامی مسائل کے حل کیلئے اقدامات جاری ہیں اور ترقیاتی منصوبوں پر کام تیزی سے مکمل کیا جا رہا ہے وزیر اعلیٰ نے اجلاس کی صدارت کرتے ہوئے ہدایات جاری کیں کہ عوام کو ریلیف فراہم کیا جائے اور تمام محکمے اپنی کارکردگی کو بہتر بنائیں علاقے میں تعلیم صحت اور بنیادی سہولیات کی فراہمی حکومت کی اولین ترجیح ہے گلگت بلتستان حکومت کی جانب سے عوامی مسائل کے حل کیلئے اقدامات جاری ہیں اور ترقیاتی منصوبوں پر کام تیزی سے مکمل کیا جا رہا ہے وزیر اعلیٰ نے اجلاس کی صدارت کرتے ہوئے ہدایات جاری کیں کہ عوام کو ریلیف فراہم کیا جائے اور تمام محکمے اپنی کارکردگی کو بہتر بنائیں علاقے میں تعلیم صحت اور بنیادی سہولیات کی فراہمی حکومت کی اولین ترجیح ہے گلگت بلتستان حکومت کی جانب سے عوامی مسائل کے حل کیلئے اقدامات جاری ہیں اور ترقیاتی منصوبوں پر کام تیزی سے مکمل کیا جا رہا ہے وزیر اعلیٰ نے اجلاس کی صدارت کرتے ہوئے ہدایات جاری کیں کہ عوام کو ریلیف فراہم کیا جائے اور تمام محکمے اپنی کارکردگی کو بہتر بنائیں علاقے میں تعلیم صحت اور بنیادی سہولیات کی فراہمی حکومت کی اولین ترجیح ہے

بقیہ
32

گلگت بلتستان حکومت کی جانب سے عوامی مسائل کے حل کیلئے اقدامات جاری ہیں اور ترقیاتی منصوبوں پر کام تیزی سے مکمل کیا جا رہا ہے وزیر اعلیٰ نے اجلاس کی صدارت کرتے ہوئے ہدایات جاری کیں کہ عوام کو ریلیف فراہم کیا جائے اور تمام محکمے اپنی کارکردگی کو بہتر بنائیں علاقے میں تعلیم صحت اور بنیادی سہولیات کی فراہمی حکومت کی اولین ترجیح ہے گلگت بلتستان حکومت کی جانب سے عوامی مسائل کے حل کیلئے اقدامات جاری ہیں اور ترقیاتی منصوبوں پر کام تیزی سے مکمل کیا جا رہا ہے وزیر اعلیٰ نے اجلاس کی صدارت کرتے ہوئے ہدایات جاری کیں کہ عوام کو ریلیف فراہم کیا جائے اور تمام محکمے اپنی کارکردگی کو بہتر بنائیں علاقے میں تعلیم صحت اور بنیادی سہولیات کی فراہمی حکومت کی اولین ترجیح ہے گلگت بلتستان حکومت کی جانب سے عوامی مسائل کے حل کیلئے اقدامات جاری ہیں اور ترقیاتی منصوبوں پر کام تیزی سے مکمل کیا جا رہا ہے وزیر اعلیٰ نے اجلاس کی صدارت کرتے ہوئے ہدایات جاری کیں کہ عوام کو ریلیف فراہم کیا جائے اور تمام محکمے اپنی کارکردگی کو بہتر بنائیں علاقے میں تعلیم صحت اور بنیادی سہولیات کی فراہمی حکومت کی اولین ترجیح ہے

بقیہ
33

گلگت بلتستان حکومت کی جانب سے عوامی مسائل کے حل کیلئے اقدامات جاری ہیں اور ترقیاتی منصوبوں پر کام تیزی سے مکمل کیا جا رہا ہے وزیر اعلیٰ نے اجلاس کی صدارت کرتے ہوئے ہدایات جاری کیں کہ عوام کو ریلیف فراہم کیا جائے اور تمام محکمے اپنی کارکردگی کو بہتر بنائیں علاقے میں تعلیم صحت اور بنیادی سہولیات کی فراہمی حکومت کی اولین ترجیح ہے گلگت بلتستان حکومت کی جانب سے عوامی مسائل کے حل کیلئے اقدامات جاری ہیں اور ترقیاتی منصوبوں پر کام تیزی سے مکمل کیا جا رہا ہے وزیر اعلیٰ نے اجلاس کی صدارت کرتے ہوئے ہدایات جاری کیں کہ عوام کو ریلیف فراہم کیا جائے اور تمام محکمے اپنی کارکردگی کو بہتر بنائیں علاقے میں تعلیم صحت اور بنیادی سہولیات کی فراہمی حکومت کی اولین ترجیح ہے گلگت بلتستان حکومت کی جانب سے عوامی مسائل کے حل کیلئے اقدامات جاری ہیں اور ترقیاتی منصوبوں پر کام تیزی سے مکمل کیا جا رہا ہے وزیر اعلیٰ نے اجلاس کی صدارت کرتے ہوئے ہدایات جاری کیں کہ عوام کو ریلیف فراہم کیا جائے اور تمام محکمے اپنی کارکردگی کو بہتر بنائیں علاقے میں تعلیم صحت اور بنیادی سہولیات کی فراہمی حکومت کی اولین ترجیح ہے

بقیہ
34

گلگت بلتستان حکومت کی جانب سے عوامی مسائل کے حل کیلئے اقدامات جاری ہیں اور ترقیاتی منصوبوں پر کام تیزی سے مکمل کیا جا رہا ہے وزیر اعلیٰ نے اجلاس کی صدارت کرتے ہوئے ہدایات جاری کیں کہ عوام کو ریلیف فراہم کیا جائے اور تمام محکمے اپنی کارکردگی کو بہتر بنائیں علاقے میں تعلیم صحت اور بنیادی سہولیات کی فراہمی حکومت کی اولین ترجیح ہے گلگت بلتستان حکومت کی جانب سے عوامی مسائل کے حل کیلئے اقدامات جاری ہیں اور ترقیاتی منصوبوں پر کام تیزی سے مکمل کیا جا رہا ہے وزیر اعلیٰ نے اجلاس کی صدارت کرتے ہوئے ہدایات جاری کیں کہ عوام کو ریلیف فراہم کیا جائے اور تمام محکمے اپنی کارکردگی کو بہتر بنائیں علاقے میں تعلیم صحت اور بنیادی سہولیات کی فراہمی حکومت کی اولین ترجیح ہے گلگت بلتستان حکومت کی جانب سے عوامی مسائل کے حل کیلئے اقدامات جاری ہیں اور ترقیاتی منصوبوں پر کام تیزی سے مکمل کیا جا رہا ہے وزیر اعلیٰ نے اجلاس کی صدارت کرتے ہوئے ہدایات جاری کیں کہ عوام کو ریلیف فراہم کیا جائے اور تمام محکمے اپنی کارکردگی کو بہتر بنائیں علاقے میں تعلیم صحت اور بنیادی سہولیات کی فراہمی حکومت کی اولین ترجیح ہے

بقیہ
35

گلگت بلتستان حکومت کی جانب سے عوامی مسائل کے حل کیلئے اقدامات جاری ہیں اور ترقیاتی منصوبوں پر کام تیزی سے مکمل کیا جا رہا ہے وزیر اعلیٰ نے اجلاس کی صدارت کرتے ہوئے ہدایات جاری کیں کہ عوام کو ریلیف فراہم کیا جائے اور تمام محکمے اپنی کارکردگی کو بہتر بنائیں علاقے میں تعلیم صحت اور بنیادی سہولیات کی فراہمی حکومت کی اولین ترجیح ہے گلگت بلتستان حکومت کی جانب سے عوامی مسائل کے حل کیلئے اقدامات جاری ہیں اور ترقیاتی منصوبوں پر کام تیزی سے مکمل کیا جا رہا ہے وزیر اعلیٰ نے اجلاس کی صدارت کرتے ہوئے ہدایات جاری کیں کہ عوام کو ریلیف فراہم کیا جائے اور تمام محکمے اپنی کارکردگی کو بہتر بنائیں علاقے میں تعلیم صحت اور بنیادی سہولیات کی فراہمی حکومت کی اولین ترجیح ہے گلگت بلتستان حکومت کی جانب سے عوامی مسائل کے حل کیلئے اقدامات جاری ہیں اور ترقیاتی منصوبوں پر کام تیزی سے مکمل کیا جا رہا ہے وزیر اعلیٰ نے اجلاس کی صدارت کرتے ہوئے ہدایات جاری کیں کہ عوام کو ریلیف فراہم کیا جائے اور تمام محکمے اپنی کارکردگی کو بہتر بنائیں علاقے میں تعلیم صحت اور بنیادی سہولیات کی فراہمی حکومت کی اولین ترجیح ہے

بقیہ
36

گلگت بلتستان حکومت کی جانب سے عوامی مسائل کے حل کیلئے اقدامات جاری ہیں اور ترقیاتی منصوبوں پر کام تیزی سے مکمل کیا جا رہا ہے وزیر اعلیٰ نے اجلاس کی صدارت کرتے ہوئے ہدایات جاری کیں کہ عوام کو ریلیف فراہم کیا جائے اور تمام محکمے اپنی کارکردگی کو بہتر بنائیں علاقے میں تعلیم صحت اور بنیادی سہولیات کی فراہمی حکومت کی اولین ترجیح ہے گلگت بلتستان حکومت کی جانب سے عوامی مسائل کے حل کیلئے اقدامات جاری ہیں اور ترقیاتی منصوبوں پر کام تیزی سے مکمل کیا جا رہا ہے وزیر اعلیٰ نے اجلاس کی صدارت کرتے ہوئے ہدایات جاری کیں کہ عوام کو ریلیف فراہم کیا جائے اور تمام محکمے اپنی کارکردگی کو بہتر بنائیں علاقے میں تعلیم صحت اور بنیادی سہولیات کی فراہمی حکومت کی اولین ترجیح ہے گلگت بلتستان حکومت کی جانب سے عوامی مسائل کے حل کیلئے اقدامات جاری ہیں اور ترقیاتی منصوبوں پر کام تیزی سے مکمل کیا جا رہا ہے وزیر اعلیٰ نے اجلاس کی صدارت کرتے ہوئے ہدایات جاری کیں کہ عوام کو ریلیف فراہم کیا جائے اور تمام محکمے اپنی کارکردگی کو بہتر بنائیں علاقے میں تعلیم صحت اور بنیادی سہولیات کی فراہمی حکومت کی اولین ترجیح ہے

بقیہ
37

گلگت بلتستان حکومت کی جانب سے عوامی مسائل کے حل کیلئے اقدامات جاری ہیں اور ترقیاتی منصوبوں پر کام تیزی سے مکمل کیا جا رہا ہے وزیر اعلیٰ نے اجلاس کی صدارت کرتے ہوئے ہدایات جاری کیں کہ عوام کو ریلیف فراہم کیا جائے اور تمام محکمے اپنی کارکردگی کو بہتر بنائیں علاقے میں تعلیم صحت اور بنیادی سہولیات کی فراہمی حکومت کی اولین ترجیح ہے گلگت بلتستان حکومت کی جانب سے عوامی مسائل کے حل کیلئے اقدامات جاری ہیں اور ترقیاتی منصوبوں پر کام تیزی سے مکمل کیا جا رہا ہے وزیر اعلیٰ نے اجلاس کی صدارت کرتے ہوئے ہدایات جاری کیں کہ عوام کو ریلیف فراہم کیا جائے اور تمام محکمے اپنی کارکردگی کو بہتر بنائیں علاقے میں تعلیم صحت اور بنیادی سہولیات کی فراہمی حکومت کی اولین ترجیح ہے گلگت بلتستان حکومت کی جانب سے عوامی مسائل کے حل کیلئے اقدامات جاری ہیں اور ترقیاتی منصوبوں پر کام تیزی سے مکمل کیا جا رہا ہے وزیر اعلیٰ نے اجلاس کی صدارت کرتے ہوئے ہدایات جاری کیں کہ عوام کو ریلیف فراہم کیا جائے اور تمام محکمے اپنی کارکردگی کو بہتر بنائیں علاقے میں تعلیم صحت اور بنیادی سہولیات کی فراہمی حکومت کی اولین ترجیح ہے

بقیہ
38

گلگت بلتستان حکومت کی جانب سے عوامی مسائل کے حل کیلئے اقدامات جاری ہیں اور ترقیاتی منصوبوں پر کام تیزی سے مکمل کیا جا رہا ہے وزیر اعلیٰ نے اجلاس کی صدارت کرتے ہوئے ہدایات جاری کیں کہ عوام کو ریلیف فراہم کیا جائے اور تمام محکمے اپنی کارکردگی کو بہتر بنائیں علاقے میں تعلیم صحت اور بنیادی سہولیات کی فراہمی حکومت کی اولین ترجیح ہے گلگت بلتستان حکومت کی جانب سے عوامی مسائل کے حل کیلئے اقدامات جاری ہیں اور ترقیاتی منصوبوں پر کام تیزی سے مکمل کیا جا رہا ہے وزیر اعلیٰ نے اجلاس کی صدارت کرتے ہوئے ہدایات جاری کیں کہ عوام کو ریلیف فراہم کیا جائے اور تمام محکمے اپنی کارکردگی کو بہتر بنائیں علاقے میں تعلیم صحت اور بنیادی سہولیات کی فراہمی حکومت کی اولین ترجیح ہے گلگت بلتستان حکومت کی جانب سے عوامی مسائل کے حل کیلئے اقدامات جاری ہیں اور ترقیاتی منصوبوں پر کام تیزی سے مکمل کیا جا رہا ہے وزیر اعلیٰ نے اجلاس کی صدارت کرتے ہوئے ہدایات جاری کیں کہ عوام کو ریلیف فراہم کیا جائے اور تمام محکمے اپنی کارکردگی کو بہتر بنائیں علاقے میں تعلیم صحت اور بنیادی سہولیات کی فراہمی حکومت کی اولین ترجیح ہے

بقیہ
39

گلگت بلتستان حکومت کی جانب سے عوامی مسائل کے حل کیلئے اقدامات جاری ہیں اور ترقیاتی منصوبوں پر کام تیزی سے مکمل کیا جا رہا ہے وزیر اعلیٰ نے اجلاس کی صدارت کرتے ہوئے ہدایات جاری کیں کہ عوام کو ریلیف فراہم کیا جائے اور تمام محکمے اپنی کارکردگی کو بہتر بنائیں علاقے میں تعلیم صحت اور بنیادی سہولیات کی فراہمی حکومت کی اولین ترجیح ہے گلگت بلتستان حکومت کی جانب سے عوامی مسائل کے حل کیلئے اقدامات جاری ہیں اور ترقیاتی منصوبوں پر کام تیزی سے مکمل کیا جا رہا ہے وزیر اعلیٰ نے اجلاس کی صدارت کرتے ہوئے ہدایات جاری کیں کہ عوام کو ریلیف فراہم کیا جائے اور تمام محکمے اپنی کارکردگی کو بہتر بنائیں علاقے میں تعلیم صحت اور بنیادی سہولیات کی فراہمی حکومت کی اولین ترجیح ہے گلگت بلتستان حکومت کی جانب سے عوامی مسائل کے حل کیلئے اقدامات جاری ہیں اور ترقیاتی منصوبوں پر کام تیزی سے مکمل کیا جا رہا ہے وزیر اعلیٰ نے اجلاس کی صدارت کرتے ہوئے ہدایات جاری کیں کہ عوام کو ریلیف فراہم کیا جائے اور تمام محکمے اپنی کارکردگی کو بہتر بنائیں علاقے میں تعلیم صحت اور بنیادی سہولیات کی فراہمی حکومت کی اولین ترجیح ہے

بقیہ
40

گلگت بلتستان حکومت کی جانب سے عوامی مسائل کے حل کیلئے اقدامات جاری ہیں اور ترقیاتی منصوبوں پر کام تیزی سے مکمل کیا جا رہا ہے وزیر اعلیٰ نے اجلاس کی صدارت کرتے ہوئے ہدایات جاری کیں کہ عوام کو ریلیف فراہم کیا جائے اور تمام محکمے اپنی کارکردگی کو بہتر بنائیں علاقے میں تعلیم صحت اور بنیادی سہولیات کی فراہمی حکومت کی اولین ترجیح ہے گلگت بلتستان حکومت کی جانب سے عوامی مسائل کے حل کیلئے اقدامات جاری ہیں اور ترقیاتی منصوبوں پر کام تیزی سے مکمل کیا جا رہا ہے وزیر اعلیٰ نے اجلاس کی صدارت کرتے ہوئے ہدایات جاری کیں کہ عوام کو ریلیف فراہم کیا جائے اور تمام محکمے اپنی کارکردگی کو بہتر بنائیں علاقے میں تعلیم صحت اور بنیادی سہولیات کی فراہمی حکومت کی اولین ترجیح ہے گلگت بلتستان حکومت کی جانب سے عوامی مسائل کے حل کیلئے اقدامات جاری ہیں اور ترقیاتی منصوبوں پر کام تیزی سے مکمل کیا جا رہا ہے وزیر اعلیٰ نے اجلاس کی صدارت کرتے ہوئے ہدایات جاری کیں کہ عوام کو ریلیف فراہم کیا جائے اور تمام محکمے اپنی کارکردگی کو بہتر بنائیں علاقے میں تعلیم صحت اور بنیادی سہولیات کی فراہمی حکومت کی اولین ترجیح ہے

بقیہ
41

گلگت بلتستان حکومت کی جانب سے عوامی مسائل کے حل کیلئے اقدامات جاری ہیں اور ترقیاتی منصوبوں پر کام تیزی سے مکمل کیا جا رہا ہے وزیر اعلیٰ نے اجلاس کی صدارت کرتے ہوئے ہدایات جاری کیں کہ عوام کو ریلیف فراہم کیا جائے اور تمام محکمے اپنی کارکردگی کو بہتر بنائیں علاقے میں تعلیم صحت اور بنیادی سہولیات کی فراہمی حکومت کی اولین ترجیح ہے گلگت بلتستان حکومت کی جانب سے عوامی مسائل کے حل کیلئے اقدامات جاری ہیں اور ترقیاتی منصوبوں پر کام تیزی سے مکمل کیا جا رہا ہے وزیر اعلیٰ نے اجلاس کی صدارت کرتے ہوئے ہدایات جاری کیں کہ عوام کو ریلیف فراہم کیا جائے اور تمام محکمے اپنی کارکردگی کو بہتر بنائیں علاقے میں تعلیم صحت اور بنیادی سہولیات کی فراہمی حکومت کی اولین ترجیح ہے گلگت بلتستان حکومت کی جانب سے عوامی مسائل کے حل کیلئے اقدامات جاری ہیں اور ترقیاتی منصوبوں پر کام تیزی سے مکمل کیا جا رہا ہے وزیر اعلیٰ نے اجلاس کی صدارت کرتے ہوئے ہدایات جاری کیں کہ عوام کو ریلیف فراہم کیا جائے اور تمام محکمے اپنی کارکردگی کو بہتر بنائیں علاقے میں تعلیم صحت اور بنیادی سہولیات کی فراہمی حکومت کی اولین ترجیح ہے

بقیہ
42

گلگت بلتستان حکومت کی جانب سے عوامی مسائل کے حل کیلئے اقدامات جاری ہیں اور ترقیاتی منصوبوں پر کام تیزی سے مکمل کیا جا رہا ہے وزیر اعلیٰ نے اجلاس کی صدارت کرتے ہوئے ہدایات جاری کیں کہ عوام کو ریلیف فراہم کیا جائے اور تمام محکمے اپنی کارکردگی کو بہتر بنائیں علاقے میں تعلیم صحت اور بنیادی سہولیات کی فراہمی حکومت کی اولین ترجیح ہے گلگت بلتستان حکومت کی جانب سے عوامی مسائل کے حل کیلئے اقدامات جاری ہیں اور ترقیاتی منصوبوں پر کام تیزی سے مکمل کیا جا رہا ہے وزیر اعلیٰ نے اجلاس کی صدارت کرتے ہوئے ہدایات جاری کیں کہ عوام کو ریلیف فراہم کیا جائے اور تمام محکمے اپنی کارکردگی کو بہتر بنائیں علاقے میں تعلیم صحت اور بنیادی سہولیات کی فراہمی حکومت کی اولین ترجیح ہے گلگت بلتستان حکومت کی جانب سے عوامی مسائل کے حل کیلئے اقدامات جاری ہیں اور ترقیاتی منصوبوں پر کام تیزی سے مکمل کیا جا رہا ہے وزیر اعلیٰ نے اجلاس کی صدارت کرتے ہوئے ہدایات جاری کیں کہ عوام کو ریلیف فراہم کیا جائے اور تمام محکمے اپنی کارکردگی کو بہتر بنائیں علاقے میں تعلیم صحت اور بنیادی سہولیات کی فراہمی حکومت کی اولین ترجیح ہے

بقیہ
43

گلگت بلتستان حکومت کی جانب سے عوامی مسائل کے حل کیلئے اقدامات جاری ہیں اور ترقیاتی منصوبوں پر کام تیزی سے مکمل کیا جا رہا ہے وزیر اعلیٰ نے اجلاس کی صدارت کرتے ہوئے ہدایات جاری کیں کہ عوام کو ریلیف فراہم کیا جائے اور تمام محکمے اپنی کارکردگی کو بہتر بنائیں علاقے میں تعلیم صحت اور بنیادی سہولیات کی فراہمی حکومت کی اولین ترجیح ہے گلگت بلتستان حکومت کی جانب سے عوامی مسائل کے حل کیلئے اقدامات جاری ہیں اور ترقیاتی منصوبوں پر کام تیزی سے مکمل کیا جا رہا ہے وزیر اعلیٰ نے اجلاس کی صدارت کرتے ہوئے ہدایات جاری کیں کہ عوام کو ریلیف فراہم کیا جائے اور تمام محکمے اپنی کارکردگی کو بہتر بنائیں علاقے میں تعلیم صحت اور بنیادی سہولیات کی فراہمی حکومت کی اولین ترجیح ہے گلگت بلتستان حکومت کی جانب سے عوامی مسائل کے حل کیلئے اقدامات جاری ہیں اور ترقیاتی منصوبوں پر کام تیزی سے مکمل کیا جا رہا ہے وزیر اعلیٰ نے اجلاس کی صدارت کرتے ہوئے ہدایات جاری کیں کہ عوام کو ریلیف فراہم کیا جائے اور تمام محکمے اپنی کارکردگی کو بہتر بنائیں علاقے میں تعلیم صحت اور بنیادی سہولیات کی فراہمی حکومت کی اولین ترجیح ہے

بقیہ
44

گلگت بلتستان حکومت کی جانب سے عوامی مسائل کے حل کیلئے اقدامات جاری ہیں اور ترقیاتی منصوبوں پر کام تیزی سے مکمل کیا جا رہا ہے وزیر اعلیٰ نے اجلاس کی صدارت کرتے ہوئے ہدایات جاری کیں کہ عوام کو ریلیف فراہم کیا جائے اور تمام محکمے اپنی کارکردگی کو بہتر بنائیں علاقے میں تعلیم صحت اور بنیادی سہولیات کی فراہمی حکومت کی اولین ترجیح ہے گلگت بلتستان حکومت کی جانب سے عوامی مسائل کے حل کیلئے اقدامات جاری ہیں اور ترقیاتی منصوبوں پر کام تیزی سے مکمل کیا جا رہا ہے وزیر اعلیٰ نے اجلاس کی صدارت کرتے ہوئے ہدایات جاری کیں کہ عوام کو ریلیف فراہم کیا جائے اور تمام محکمے اپنی کارکردگی کو بہتر بنائیں علاقے میں تعلیم صحت اور بنیادی سہولیات کی فراہمی حکومت کی اولین ترجیح ہے گلگت بلتستان حکومت کی جانب سے عوامی مسائل کے حل کیلئے اقدامات جاری ہیں اور ترقیاتی منصوبوں پر کام تیزی سے مکمل کیا جا رہا ہے وزیر اعلیٰ نے اجلاس کی صدارت کرتے ہوئے ہدایات جاری کیں کہ عوام کو ریلیف فراہم کیا جائے اور تمام محکمے اپنی کارکردگی کو بہتر بنائیں علاقے میں تعلیم صحت اور بنیادی سہولیات کی فراہمی حکومت کی اولین ترجیح ہے

بقیہ
45

گلگت بلتستان حکومت کی جانب سے عوامی مسائل کے حل کیلئے اقدامات جاری ہیں اور ترقیاتی منصوبوں پر کام تیزی سے مکمل کیا جا رہا ہے وزیر اعلیٰ نے اجلاس کی صدارت کرتے ہوئے ہدایات جاری کیں کہ عوام کو ریلیف فراہم کیا جائے اور تمام محکمے اپنی کارکردگی کو بہتر بنائیں علاقے میں تعلیم صحت اور بنیادی سہولیات کی فراہمی حکومت کی اولین ترجیح ہے گلگت بلتستان حکومت کی جانب سے عوامی مسائل کے حل کیلئے اقدامات جاری ہیں اور ترقیاتی منصوبوں پر کام تیزی سے مکمل کیا جا رہا ہے وزیر اعلیٰ نے اجلاس کی صدارت کرتے ہوئے ہدایات جاری کیں کہ عوام کو ریلیف فراہم کیا جائے اور تمام محکمے اپنی کارکردگی کو بہتر بنائیں علاقے میں تعلیم صحت اور بنیادی سہولیات کی فراہمی حکومت کی اولین ترجیح ہے گلگت بلتستان حکومت کی جانب سے عوامی مسائل کے حل کیلئے اقدامات جاری ہیں اور ترقیاتی منصوبوں پر کام تیزی سے مکمل کیا جا رہا ہے وزیر اعلیٰ نے اجلاس کی صدارت کرتے ہوئے ہدایات جاری کیں کہ عوام کو ریلیف فراہم کیا جائے اور تمام محکمے اپنی کارکردگی کو بہتر بنائیں علاقے میں تعلیم صحت اور بنیادی سہولیات کی فراہمی حکومت کی اولین ترجیح ہے

بقیہ
46

گلگت بلتستان حکومت کی جانب سے عوامی مسائل کے حل کیلئے اقدامات جاری ہیں اور ترقیاتی منصوبوں پر کام تیزی سے مکمل کیا جا رہا ہے وزیر اعلیٰ نے اجلاس کی صدارت کرتے ہوئے ہدایات جاری کیں کہ عوام کو ریلیف فراہم کیا جائے اور تمام محکمے اپنی کارکردگی کو بہتر بنائیں علاقے میں تعلیم صحت اور بنیادی سہولیات کی فراہمی حکومت کی اولین ترجیح ہے گلگت بلتستان حکومت کی جانب سے عوامی مسائل کے حل کیلئے اقدامات جاری ہیں اور ترقیاتی منصوبوں پر کام تیزی سے مکمل کیا جا رہا ہے وزیر اعلیٰ نے اجلاس کی صدارت کرتے ہوئے ہدایات جاری کیں کہ عوام کو ریلیف فراہم کیا جائے اور تمام محکمے اپنی کارکردگی کو بہتر بنائیں علاقے میں تعلیم صحت اور بنیادی سہولیات کی فراہمی حکومت کی اولین ترجیح ہے گلگت بلتستان حکومت کی جانب سے عوامی مسائل کے حل کیلئے اقدامات جاری ہیں اور ترقیاتی منصوبوں پر کام تیزی سے مکمل کیا جا رہا ہے وزیر اعلیٰ نے اجلاس کی صدارت کرتے ہوئے ہدایات جاری کیں کہ عوام کو ریلیف فراہم کیا جائے اور تمام محکمے اپنی کارکردگی کو بہتر بنائیں علاقے میں تعلیم صحت اور بنیادی سہولیات کی فراہمی حکومت کی اولین ترجیح ہے

بقیہ
47

گلگت بلتستان حکومت کی جانب سے عوامی مسائل کے حل کیلئے اقدامات جاری ہیں اور ترقیاتی منصوبوں پر کام تیزی سے مکمل کیا جا رہا ہے وزیر اعلیٰ نے اجلاس کی صدارت کرتے ہوئے ہدایات جاری کیں کہ عوام کو ریلیف فراہم کیا جائے اور تمام محکمے اپنی کارکردگی کو بہتر بنائیں علاقے میں تعلیم صحت اور بنیادی سہولیات کی فراہمی حکومت کی اولین ترجیح ہے گلگت بلتستان حکومت کی جانب سے عوامی مسائل کے حل کیلئے اقدامات جاری ہیں اور ترقیاتی منصوبوں پر کام تیزی سے مکمل کیا جا رہا ہے وزیر اعلیٰ نے اجلاس کی صدارت کرتے ہوئے ہدایات جاری کیں کہ عوام کو ریلیف فراہم کیا جائے اور تمام محکمے اپنی کارکردگی کو بہتر بنائیں علاقے میں تعلیم صحت اور بنیادی سہولیات کی فراہمی حکومت کی اولین ترجیح ہے گلگت بلتستان حکومت کی جانب سے عوامی مسائل کے حل کیلئے اقدامات جاری ہیں اور ترقیاتی منصوبوں پر کام تیزی سے مکمل کیا جا رہا ہے وزیر اعلیٰ نے اجلاس کی صدارت کرتے ہوئے ہدایات جاری کیں کہ عوام کو ریلیف فراہم کیا جائے اور تمام محکمے اپنی کارکردگی کو بہتر بنائیں علاقے میں تعلیم صحت اور بنیادی سہولیات کی فراہمی حکومت کی اولین ترجیح ہے

بقیہ
48

گلگت بلتستان حکومت کی جانب سے عوامی مسائل کے حل کیلئے اقدامات جاری ہیں اور ترقیاتی منصوبوں پر کام تیزی سے مکمل کیا جا رہا ہے وزیر اعلیٰ نے اجلاس کی صدارت کرتے ہوئے ہدایات جاری کیں کہ عوام کو ریلیف فراہم کیا جائے اور تمام محکمے اپنی کارکردگی کو بہتر بنائیں علاقے میں تعلیم صحت اور بنیادی سہولیات کی فراہمی حکومت کی اولین ترجیح ہے گلگت بلتستان حکومت کی جانب سے عوامی مسائل کے حل کیلئے اقدامات جاری ہیں اور ترقیاتی منصوبوں پر کام تیزی سے مکمل کیا جا رہا ہے وزیر اعلیٰ نے اجلاس کی صدارت کرتے ہوئے ہدایات جاری کیں کہ عوام کو ریلیف فراہم کیا جائے اور تمام محکمے اپنی کارکردگی کو بہتر بنائیں علاقے میں تعلیم صحت اور بنیادی سہولیات کی فراہمی حکومت کی اولین ترجیح ہے گلگت بلتستان حکومت کی جانب سے عوامی مسائل کے حل کیلئے اقدامات جاری ہیں اور ترقیاتی منصوبوں پر کام تیزی سے مکمل کیا جا رہا ہے وزیر اعلیٰ نے اجلاس کی صدارت کرتے ہوئے ہدایات جاری کیں کہ عوام کو ریلیف فراہم کیا جائے اور تمام محکمے اپنی کارکردگی کو بہتر بنائیں علاقے میں تعلیم صحت اور بنیادی سہولیات کی فراہمی حکومت کی اولین ترجیح ہے

بقیہ
49

گلگت بلتستان حکومت کی جانب سے عوامی مسائل کے حل کیلئے اقدامات جاری ہیں اور ترقیاتی منصوبوں پر کام تیزی سے مکمل کیا جا رہا ہے وزیر اعلیٰ نے اجلاس کی صدارت کرتے ہوئے ہدایات جاری کیں کہ عوام کو ریلیف فراہم کیا جائے اور تمام محکمے اپنی کارکردگی کو بہتر بنائیں علاقے میں تعلیم صحت اور بنیادی سہولیات کی فراہمی حکومت کی اولین ترجیح ہے گلگت بلتستان حکومت کی جانب سے عوامی مسائل کے حل کیلئے اقدامات جاری ہیں اور ترقیاتی منصوبوں پر کام تیزی سے مکمل کیا جا رہا ہے وزیر اعلیٰ نے اجلاس کی صدارت کرتے ہوئے ہدایات جاری کیں کہ عوام کو ریلیف فراہم کیا جائے اور تمام محکمے اپنی کارکردگی کو بہتر بنائیں علاقے میں تعلیم صحت اور بنیادی سہولیات کی فراہمی حکومت کی اولین ترجیح ہے گلگت بلتستان حکومت کی جانب سے عوامی مسائل کے حل کیلئے اقدامات جاری ہیں اور ترقیاتی منصوبوں پر کام تیزی سے مکمل کیا جا رہا ہے وزیر اعلیٰ نے اجلاس کی صدارت کرتے ہوئے ہدایات جاری کیں کہ عوام کو ریلیف فراہم کیا جائے اور تمام محکمے اپنی کارکردگی کو بہتر بنائیں علاقے میں تعلیم صحت اور بنیادی سہولیات کی فراہمی حکومت کی اولین ترجیح ہے

بقیہ
50

گلگت بلتستان حکومت کی جانب سے عوامی مسائل کے حل کیلئے اقدامات جاری ہیں اور ترقیاتی منصوبوں پر کام تیزی سے مکمل کیا جا رہا ہے وزیر اعلیٰ نے اجلاس کی صدارت کرتے ہوئے ہدایات جاری کیں کہ عوام کو ریلیف فراہم کیا جائے اور تمام محکمے اپنی کارکردگی کو بہتر بنائیں علاقے میں تعلیم صحت اور بنیادی سہولیات کی فراہمی حکومت کی اولین ترجیح ہے گلگت بلتستان حکومت کی جانب سے عوامی مسائل کے حل کیلئے اقدامات جاری ہیں اور ترقیاتی منصوبوں پر کام تیزی سے مکمل کیا جا رہا ہے وزیر اعلیٰ نے اجلاس کی صدارت کرتے ہوئے ہدایات جاری کیں کہ عوام کو ریلیف فراہم کیا جائے اور تمام محکمے اپنی کارکردگی کو بہتر بنائیں علاقے میں تعلیم صحت اور بنیادی سہولیات کی فراہمی حکومت کی اولین ترجیح ہے گلگت بلتستان حکومت کی جانب سے عوامی مسائل کے حل کیلئے اقدامات جاری ہیں اور ترقیاتی منصوبوں پر کام تیزی سے مکمل کیا جا رہا ہے وزیر اعلیٰ نے اجلاس کی صدارت کرتے ہوئے ہدایات جاری کیں کہ عوام کو ریلیف فراہم کیا جائے اور تمام محکمے اپنی کارکردگی کو بہتر بنائیں علاقے میں تعلیم صحت اور بنیادی سہولیات کی فراہمی حکومت کی اولین ترجیح ہے

بقیہ
51

گلگت بلتستان حکومت کی جانب سے عوامی مسائل کے حل کیلئے اقدامات جاری ہیں اور ترقیاتی منصوبوں پر کام تیزی سے مکمل کیا جا رہا ہے وزیر اعلیٰ نے اجلاس کی صدارت کرتے ہوئے ہدایات جاری کیں کہ عوام کو ریلیف فراہم کیا جائے اور تمام محکمے اپنی کارکردگی کو بہتر بنائیں علاقے میں تعلیم صحت اور بنیادی سہولیات کی فراہمی حکومت کی اولین ترجیح ہے گلگت بلتستان حکومت کی جانب سے عوامی مسائل کے حل کیلئے اقدامات جاری ہیں اور ترقیاتی منصوبوں پر کام تیزی سے مکمل کیا جا رہا ہے وزیر اعلیٰ نے اجلاس کی صدارت کرتے ہوئے ہدایات جاری کیں کہ عوام کو ریلیف فراہم کیا جائے اور تمام محکمے اپنی کارکردگی کو بہتر بنائیں علاقے میں تعلیم صحت اور بنیادی سہولیات کی فراہمی حکومت کی اولین ترجیح ہے گلگت بلتستان حکومت کی جانب سے عوامی مسائل کے حل کیلئے اقدامات جاری ہیں اور ترقیاتی منصوبوں پر کام تیزی سے مکمل کیا جا رہا ہے وزیر اعلیٰ نے اجلاس کی صدارت کرتے ہوئے ہدایات جاری کیں کہ عوام کو ریلیف فراہم کیا جائے اور تمام محکمے اپنی کارکردگی کو بہتر بنائیں علاقے میں تعلیم صحت اور بنیادی سہولیات کی فراہمی حکومت کی اولین ترجیح ہے

بقیہ
52

گلگت بلتستان حکومت کی جانب سے عوامی مسائل کے حل کیلئے اقدامات جاری ہیں اور ترقیاتی منصوبوں پر کام تیزی سے مکمل کیا جا رہا ہے وزیر اعلیٰ نے اجلاس کی صدارت کرتے ہوئے ہدایات جاری کیں کہ عوام کو ریلیف فراہم کیا جائے اور تمام محکمے اپنی کارکردگی کو بہتر بنائیں علاقے میں تعلیم صحت اور بنیادی سہولیات کی فراہمی حکومت کی اولین ترجیح ہے گلگت بلتستان حکومت کی جانب سے عوامی مسائل کے حل کیلئے اقدامات جاری ہیں اور ترقیاتی منصوبوں پر کام تیزی سے مکمل کیا جا رہا ہے وزیر اعلیٰ نے اجلاس کی صدارت کرتے ہوئے ہدایات جاری کیں کہ عوام کو ریلیف فراہم کیا جائے اور تمام محکمے اپنی کارکردگی کو بہتر بنائیں علاقے میں تعلیم صحت اور بنیادی سہولیات کی فراہمی حکومت کی اولین ترجیح ہے گلگت بلتستان حکومت کی جانب سے عوامی مسائل کے حل کیلئے اقدامات جاری ہیں اور ترقیاتی منصوبوں پر کام تیزی سے مکمل کیا جا رہا ہے وزیر اعلیٰ نے اجلاس کی صدارت کرتے ہوئے ہدایات جاری کیں کہ عوام کو ریلیف فراہم کیا جائے اور تمام محکمے اپنی کارکردگی کو بہتر بنائیں علاقے میں تعلیم صحت اور بنیادی سہولیات کی فراہمی حکومت کی اولین ترجیح ہے

بقیہ
53

گلگت بلتستان حکومت کی جانب سے عوامی مسائل کے حل کیلئے اقدامات جاری ہیں اور ترقیاتی منصوبوں پر کام تیزی سے مکمل کیا جا رہا ہے وزیر اعلیٰ نے اجلاس کی صدارت کرتے ہوئے ہدایات جاری کیں کہ عوام کو ریلیف فراہم کیا جائے اور تمام محکمے اپنی کارکردگی کو بہتر بنائیں علاقے میں تعلیم صحت اور بنیادی سہولیات کی فراہمی حکومت کی اولین ترجیح ہے گلگت بلتستان حکومت کی جانب سے عوامی مسائل کے حل کیلئے اقدامات جاری ہیں اور ترقیاتی منصوبوں پر کام تیزی سے مکمل کیا جا رہا ہے وزیر اعلیٰ نے اجلاس کی صدارت کرتے ہوئے ہدایات جاری کیں کہ عوام کو ریلیف فراہم کیا جائے اور تمام محکمے اپنی کارکردگی کو بہتر بنائیں علاقے میں تعلیم صحت اور بنیادی سہولیات کی فراہمی حکومت کی اولین ترجیح ہے گلگت بلتستان حکومت کی جانب سے عوامی مسائل کے حل کیلئے اقدامات جاری ہیں اور ترقیاتی منصوبوں پر کام تیزی سے مکمل کیا جا رہا ہے وزیر اعلیٰ نے اجلاس کی صدارت کرتے ہوئے ہدایات جاری کیں کہ عوام کو ریلیف فراہم کیا جائے اور تمام محکمے اپنی کارکردگی کو بہتر بنائیں علاقے میں تعلیم صحت اور بنیادی سہولیات کی فراہمی حکومت کی اولین ترجیح ہے

بقیہ
54

گلگت بلتستان حکومت کی جانب سے عوامی مسائل کے حل کیلئے اقدامات جاری ہیں اور ترقیاتی منصوبوں پر کام تیزی سے مکمل کیا جا رہا ہے وزیر اعلیٰ نے اجلاس کی صدارت کرتے ہوئے ہدایات جاری کیں کہ عوام کو ریلیف فراہم کیا جائے اور تمام محکمے اپنی کارکردگی کو بہتر بنائیں علاقے میں تعلیم صحت اور بنیادی سہولیات کی فراہمی حکومت کی اولین ترجیح ہے گلگت بلتستان حکومت کی جانب سے عوامی مسائل کے حل کیلئے اقدامات جاری ہیں اور ترقیاتی منصوبوں پر کام تیزی سے مکمل کیا جا رہا ہے وزیر اعلیٰ نے اجلاس کی صدارت کرتے ہوئے ہدایات جاری کیں کہ عوام کو ریلیف فراہم کیا جائے اور تمام محکمے اپنی کارکردگی کو بہتر بنائیں علاقے میں تعلیم صحت اور بنیادی سہولیات کی فراہمی حکومت کی اولین ترجیح ہے گلگت بلتستان حکومت کی جانب سے عوامی مسائل کے حل کیلئے اقدامات جاری ہیں اور ترقیاتی منصوبوں پر کام تیزی سے مکمل کیا جا رہا ہے وزیر اعلیٰ نے اجلاس کی صدارت کرتے ہوئے ہدایات جاری کیں کہ عوام کو ریلیف فراہم کیا جائے اور تمام محکمے اپنی کارکردگی کو بہتر بنائیں علاقے میں تعلیم صحت اور بنیادی سہولیات کی فراہمی حکومت کی اولین ترجیح ہے

بقیہ
55

گلگت بلتستان حکومت کی جانب سے عوامی مسائل کے حل کیلئے اقدامات جاری ہیں اور ترقیاتی منصوبوں پر کام تیزی سے مکمل کیا جا رہا ہے وزیر اعلیٰ نے اجلاس کی صدارت کرتے ہوئے ہدایات جاری کیں کہ عوام کو ریلیف فراہم کیا جائے اور تمام محکمے اپنی کارکردگی کو بہتر بنائیں علاقے میں تعلیم صحت اور بنیادی سہولیات کی فراہمی حکومت کی اولین ترجیح ہے گلگت بلتستان حکومت کی جانب سے عوامی مسائل کے حل کیلئے اقدامات جاری ہیں اور ترقیاتی منصوبوں پر کام تیزی سے مکمل کیا جا رہا ہے وزیر اعلیٰ نے اجلاس کی صدارت کرتے ہوئے ہدایات جاری کیں کہ عوام کو ریلیف فراہم کیا جائے اور تمام محکمے اپنی کارکردگی کو بہتر بنائیں علاقے میں تعلیم صحت اور بنیادی سہولیات کی فراہمی حکومت کی اولین ترجیح ہے گلگت بلتستان حکومت کی جانب سے عوامی مسائل کے حل کیلئے اقدامات جاری ہیں اور ترقیاتی منصوبوں پر کام تیزی سے مکمل کیا جا رہا ہے وزیر اعلیٰ نے اجلاس کی صدارت کرتے ہوئے ہدایات جاری کیں کہ عوام کو ریلیف فراہم کیا جائے اور تمام محکمے اپنی کارکردگی کو بہتر بنائیں علاقے میں تعلیم صحت اور بنیادی سہولیات کی فراہمی حکومت کی اولین ترجیح ہے

بقیہ
56

گلگت بلتستان حکومت کی جانب سے عوامی مسائل کے حل کیلئے اقدامات جاری ہیں اور ترقیاتی منصوبوں پر کام تیزی سے مکمل کیا جا رہا ہے وزیر اعلیٰ نے اجلاس کی صدارت کرتے ہوئے ہدایات جاری کیں کہ عوام کو ریلیف فراہم کیا جائے اور تمام محکمے اپنی کارکردگی کو بہتر بنائیں علاقے میں تعلیم صحت اور بنیادی سہولیات کی فراہمی حکومت کی اولین ترجیح ہے گلگت بلتستان حکومت کی جانب سے عوامی مسائل کے حل کیلئے اقدامات جاری ہیں اور ترقیاتی منصوبوں پر کام تیزی سے مکمل کیا جا رہا ہے وزیر اعلیٰ نے اجلاس کی صدارت کرتے ہوئے ہدایات جاری کیں کہ عوام کو ریلیف فراہم کیا جائے اور تمام محکمے اپنی کارکردگی کو بہتر بنائیں علاقے میں تعلیم صحت اور بنیادی سہولیات کی فراہمی حکومت کی اولین ترجیح ہے گلگت بلتستان حکومت کی جانب سے عوامی مسائل کے حل کیلئے اقدامات جاری ہیں اور ترقیاتی منصوبوں پر کام تیزی سے مکمل کیا جا رہا ہے وزیر اعلیٰ نے اجلاس کی صدارت کرتے ہوئے ہدایات جاری کیں کہ عوام کو ریلیف فراہم کیا جائے اور تمام محکمے اپنی کارکردگی کو بہتر بنائیں علاقے میں تعلیم صحت اور بنیادی سہولیات کی فراہمی حکومت کی اولین ترجیح ہے

بقیہ
57

گلگت بلتستان حکومت کی جانب سے عوامی مسائل کے حل کیلئے اقدامات جاری ہیں اور ترقیاتی منصوبوں پر کام تیزی سے مکمل کیا جا رہا ہے وزیر اعلیٰ نے اجلاس کی صدارت کرتے ہوئے ہدایات جاری کیں کہ عوام کو ریلیف فراہم کیا جائے اور تمام محکمے اپنی کارکردگی کو بہتر بنائیں علاقے میں تعلیم صحت اور بنیادی سہولیات کی فراہمی حکومت کی اولین ترجیح ہے گلگت بلتستان حکومت کی جانب سے عوامی مسائل کے حل کیلئے اقدامات جاری ہیں اور ترقیاتی منصوبوں پر کام تیزی سے مکمل کیا جا رہا ہے وزیر اعلیٰ نے اجلاس کی صدارت کرتے ہوئے ہدایات جاری کیں کہ عوام کو ریلیف فراہم کیا جائے اور تمام محکمے اپنی کارکردگی کو بہتر بنائیں علاقے میں تعلیم صحت اور بنیادی سہولیات کی فراہمی حکومت کی اولین ترجیح ہے گلگت بلتستان حکومت کی جانب سے عوامی مسائل کے حل کیلئے اقدامات جاری ہیں اور ترقیاتی منصوبوں پر کام تیزی سے مکمل کیا جا رہا ہے وزیر اعلیٰ نے اجلاس کی صدارت کرتے ہوئے ہدایات جاری کیں کہ عوام کو ریلیف فراہم کیا جائے اور تمام محکمے اپنی کارکردگی کو بہتر بنائیں علاقے میں تعلیم صحت اور بنیادی سہولیات کی فراہمی حکومت کی اولین ترجیح ہے

بقیہ
58

گلگت بلتستان حکومت کی جانب سے عوامی مسائل کے حل کیلئے اقدامات جاری ہیں اور ترقیاتی منصوبوں پر کام تیزی سے مکمل کیا جا رہا ہے وزیر اعلیٰ نے اجلاس کی صدارت کرتے ہوئے ہدایات جاری کیں کہ عوام کو ریلیف فراہم کیا جائے اور تمام محکمے اپنی کارکردگی کو بہتر بنائیں علاقے میں تعلیم صحت اور بنیادی سہولیات کی فراہمی حکومت کی اولین ترجیح ہے گلگت بلتستان حکومت کی جانب سے عوامی مسائل کے حل کیلئے اقدامات جاری ہیں اور ترقیاتی منصوبوں پر کام تیزی سے مکمل کیا جا رہا ہے وزیر اعلیٰ نے اجلاس کی صدارت کرتے ہوئے ہدایات جاری کیں کہ عوام کو ریلیف فراہم کیا جائے اور تمام محکمے اپنی کارکردگی کو بہتر بنائیں علاقے میں تعلیم صحت اور بنیادی سہولیات کی فراہمی حکومت کی اولین ترجیح ہے گلگت بلتستان حکومت کی جانب سے عوامی مسائل کے حل کیلئے اقدامات جاری ہیں اور ترقیاتی منصوبوں پر کام تیزی سے مکمل کیا جا رہا ہے وزیر اعلیٰ نے اجلاس کی صدارت کرتے ہوئے ہدایات جاری کیں کہ عوام کو ریلیف فراہم کیا جائے اور تمام محکمے اپنی کارکردگی کو بہتر بنائیں علاقے میں تعلیم صحت اور بنیادی سہولیات کی فراہمی حکومت کی اولین ترجیح ہے

بقیہ
59

گلگت بلتستان حکومت کی جانب سے عوامی مسائل کے حل کیلئے اقدامات جاری ہیں اور ترقیاتی منصوبوں پر کام تیزی سے مکمل کیا جا رہا ہے وزیر اعلیٰ نے اجلاس کی صدارت کرتے ہوئے ہدایات جاری کیں کہ عوام کو ریلیف فراہم کیا جائے اور تمام محکمے اپنی کارکردگی کو بہتر بنائیں علاقے میں تعلیم صحت اور بنیادی سہولیات کی فراہمی حکومت کی اولین ترجیح ہے گلگت بلتستان حکومت کی جانب سے عوامی مسائل کے حل کیلئے اقدامات جاری ہیں اور ترقیاتی منصوبوں پر کام تیزی سے مکمل کیا جا رہا ہے وزیر اعلیٰ نے اجلاس کی صدارت کرتے ہوئے ہدایات جاری کیں کہ عوام کو ریلیف فراہم کیا جائے اور تمام محکمے اپنی کارکردگی کو بہتر بنائیں علاقے میں تعلیم صحت اور بنیادی سہولیات کی فراہمی حکومت کی اولین ترجیح ہے گلگت بلتستان حکومت کی جانب سے عوامی مسائل کے حل کیلئے اقدامات جاری ہیں اور ترقیاتی منصوبوں پر کام تیزی سے مکمل کیا جا رہا ہے وزیر اعلیٰ نے اجلاس کی صدارت کرتے ہوئے ہدایات جاری کیں کہ عوام کو ریلیف فراہم کیا جائے اور تمام محکمے اپنی کارکردگی کو بہتر بنائیں علاقے میں تعلیم صحت اور بنیادی سہولیات کی فراہمی حکومت کی اولین ترجیح ہے

بقیہ
60

گلگت بلتستان حکومت کی جانب سے عوامی مسائل کے حل کیلئے اقدامات جاری ہیں اور ترقیاتی منصوبوں پر کام تیزی سے مکمل کیا جا رہا ہے وزیر اعلیٰ نے اجلاس کی صدارت کرتے ہوئے ہدایات جاری کیں کہ عوام کو ریلیف فراہم کیا جائے اور تمام محکمے اپنی کارکردگی کو بہتر بنائیں علاقے میں تعلیم صحت اور بنیادی سہولیات کی فراہمی حکومت کی اولین ترجیح ہے گلگت بلتستان حکومت کی جانب سے عوامی مسائل کے حل کیلئے اقدامات جاری ہیں اور ترقیاتی منصوبوں پر کام تیزی سے مکمل کیا جا رہا ہے وزیر اعلیٰ نے اجلاس کی صدارت کرتے ہوئے ہدایات جاری کیں کہ عوام کو ریلیف فراہم کیا جائے اور تمام محکمے اپنی کارکردگی کو بہتر بنائیں علاقے میں تعلیم صحت اور بنیادی سہولیات کی فراہمی حکومت کی اولین ترجیح ہے گلگت بلتستان حکومت کی جانب سے عوامی مسائل کے حل کیلئے اقدامات جاری ہیں اور ترقیاتی منصوبوں پر کام تیزی سے مکمل کیا جا رہا ہے وزیر اعلیٰ نے اجلاس کی صدارت کرتے ہوئے ہدایات جاری کیں کہ عوام کو ریلیف فراہم کیا جائے اور تمام محکمے اپنی کارکردگی کو بہتر بنائیں علاقے میں تعلیم صحت اور بنیادی سہولیات کی فراہمی حکومت کی اولین ترجیح ہے

بقیہ
61

گلگت بلتستان حکومت کی جانب سے عوامی مسائل کے حل کیلئے اقدامات جاری ہیں اور ترقیاتی منصوبوں پر کام تیزی سے مکمل کیا جا رہا ہے وزیر اعلیٰ نے اجلاس کی صدارت کرتے ہوئے ہدایات جاری کیں کہ عوام کو ریلیف فراہم کیا جائے اور تمام محکمے اپنی کارکردگی کو بہتر بنائیں علاقے میں تعلیم صحت اور بنیادی سہولیات کی فراہمی حکومت کی اولین ترجیح ہے گلگت بلتستان حکومت کی جانب سے عوامی مسائل کے حل کیلئے اقدامات جاری ہیں اور ترقیاتی منصوبوں پر کام تیزی سے مکمل کیا جا رہا ہے وزیر اعلیٰ نے اجلاس کی صدارت کرتے ہوئے ہدایات جاری کیں کہ عوام کو ریلیف فراہم کیا جائے اور تمام محکمے اپنی کارکردگی کو بہتر بنائیں علاقے میں تعلیم صحت اور بنیادی سہولیات کی فراہمی حکومت کی اولین ترجیح ہے گلگت بلتستان حکومت کی جانب سے عوامی مسائل کے حل کیلئے اقدامات جاری ہیں اور ترقیاتی منصوبوں پر کام تیزی سے مکمل کیا جا رہا ہے وزیر اعلیٰ نے اجلاس کی صدارت کرتے ہوئے ہدایات جاری کیں کہ عوام کو ریلیف فراہم کیا جائے اور تمام محکمے اپنی کارکردگی کو بہتر بنائیں علاقے میں تعلیم صحت اور بنیادی سہولیات کی فراہمی حکومت کی اولین ترجیح ہے

بقیہ
62

گلگت بلتستان حکومت کی جانب سے عوامی مسائل کے حل کیلئے اقدامات جاری ہیں اور ترقیاتی منصوبوں پر کام تیزی سے مکمل کیا جا رہا ہے وزیر اعلیٰ نے اجلاس کی صدارت کرتے ہوئے ہدایات جاری کیں کہ عوام کو ریلیف فراہم کیا جائے اور تمام محکمے اپنی کارکردگی کو بہتر بنائیں علاقے میں تعلیم صحت اور بنیادی سہولیات کی فراہمی حکومت کی اولین ترجیح ہے گلگت بلتستان حکومت کی جانب سے عوامی مسائل کے حل کیلئے اقدامات جاری ہیں اور ترقیاتی منصوبوں پر کام تیزی سے مکمل کیا جا رہا ہے وزیر اعلیٰ نے اجلاس کی صدارت کرتے ہوئے ہدایات جاری کیں کہ عوام کو ریلیف فراہم کیا جائے اور تمام محکمے اپنی کارکردگی کو بہتر بنائیں علاقے میں تعلیم صحت اور بنیادی سہولیات کی فراہمی حکومت کی اولین ترجیح ہے گلگت بلتستان حکومت کی جانب سے عوامی مسائل کے حل کیلئے اقدامات جاری ہیں اور ترقیاتی منصوبوں پر کام تیزی سے مکمل کیا جا رہا ہے وزیر اعلیٰ نے اجلاس کی صدارت کرتے ہوئے ہدایات جاری کیں کہ عوام کو ریلیف فراہم کیا جائے اور تمام محکمے اپنی کارکردگی کو بہتر بنائیں علاقے میں تعلیم صحت اور بنیادی سہولیات کی فراہمی حکومت کی اولین ترجیح ہے
